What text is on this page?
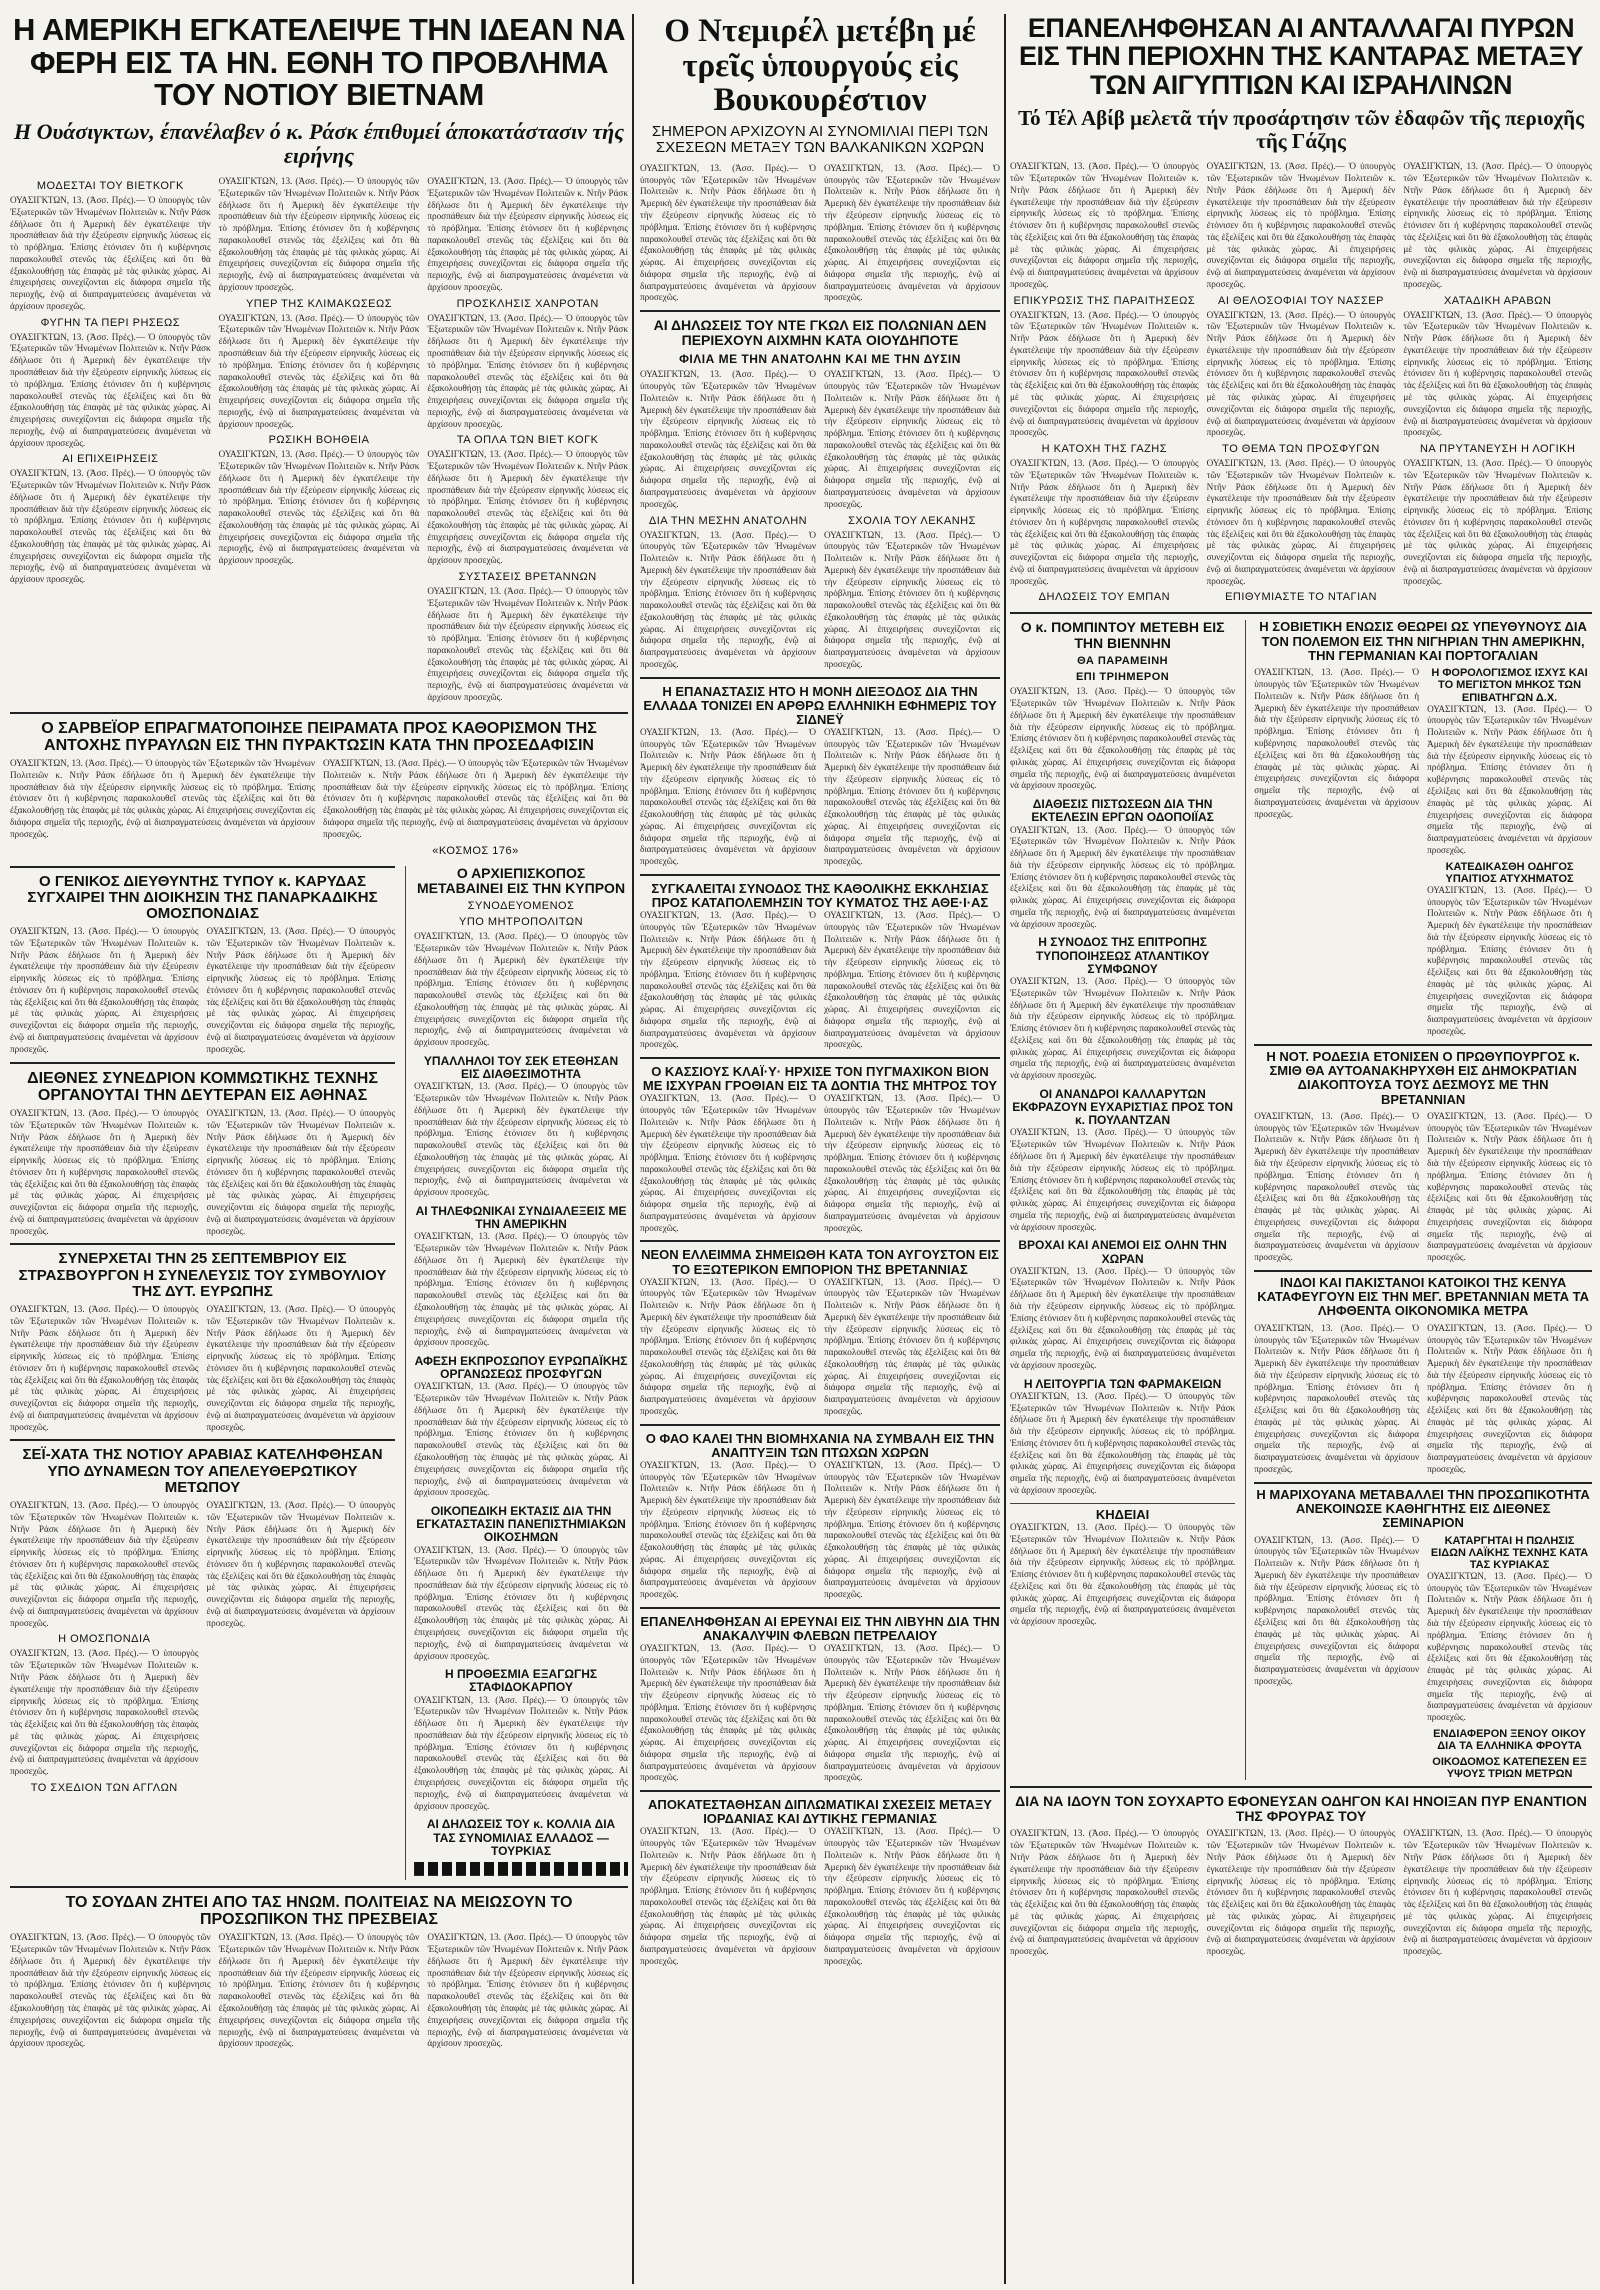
Η ΑΜΕΡΙΚΗ ΕΓΚΑΤΕΛΕΙΨΕ ΤΗΝ ΙΔΕΑΝ ΝΑ ΦΕΡΗ ΕΙΣ ΤΑ ΗΝ. ΕΘΝΗ ΤΟ ΠΡΟΒΛΗΜΑ ΤΟΥ ΝΟΤΙΟΥ ΒΙΕΤΝΑΜ
Η Ουάσιγκτων, έπανέλαβεν ό κ. Ράσκ έπιθυμεί άποκατάστασιν τής ειρήνης
ΜΟΔΕΣΤΑΙ ΤΟΥ ΒΙΕΤΚΟΓΚ
ΟΥΑΣΙΓΚΤΩΝ, 13. (Ἀσσ. Πρές).— Ὁ ὑπουργὸς τῶν Ἐξωτερικῶν τῶν Ἡνωμένων Πολιτειῶν κ. Ντῆν Ράσκ ἐδήλωσε ὅτι ἡ Ἀμερικὴ δὲν ἐγκατέλειψε τὴν προσπάθειαν διὰ τὴν ἐξεύρεσιν εἰρηνικῆς λύσεως εἰς τὸ πρόβλημα. Ἐπίσης ἐτόνισεν ὅτι ἡ κυβέρνησις παρακολουθεῖ στενῶς τὰς ἐξελίξεις καὶ ὅτι θὰ ἐξακολουθήσῃ τὰς ἐπαφὰς μὲ τὰς φιλικὰς χώρας. Αἱ ἐπιχειρήσεις συνεχίζονται εἰς διάφορα σημεῖα τῆς περιοχῆς, ἐνῷ αἱ διαπραγματεύσεις ἀναμένεται νὰ ἀρχίσουν προσεχῶς.
ΦΥΓΗΝ ΤΑ ΠΕΡΙ ΡΗΣΕΩΣ
ΟΥΑΣΙΓΚΤΩΝ, 13. (Ἀσσ. Πρές).— Ὁ ὑπουργὸς τῶν Ἐξωτερικῶν τῶν Ἡνωμένων Πολιτειῶν κ. Ντῆν Ράσκ ἐδήλωσε ὅτι ἡ Ἀμερικὴ δὲν ἐγκατέλειψε τὴν προσπάθειαν διὰ τὴν ἐξεύρεσιν εἰρηνικῆς λύσεως εἰς τὸ πρόβλημα. Ἐπίσης ἐτόνισεν ὅτι ἡ κυβέρνησις παρακολουθεῖ στενῶς τὰς ἐξελίξεις καὶ ὅτι θὰ ἐξακολουθήσῃ τὰς ἐπαφὰς μὲ τὰς φιλικὰς χώρας. Αἱ ἐπιχειρήσεις συνεχίζονται εἰς διάφορα σημεῖα τῆς περιοχῆς, ἐνῷ αἱ διαπραγματεύσεις ἀναμένεται νὰ ἀρχίσουν προσεχῶς.
ΑΙ ΕΠΙΧΕΙΡΗΣΕΙΣ
ΟΥΑΣΙΓΚΤΩΝ, 13. (Ἀσσ. Πρές).— Ὁ ὑπουργὸς τῶν Ἐξωτερικῶν τῶν Ἡνωμένων Πολιτειῶν κ. Ντῆν Ράσκ ἐδήλωσε ὅτι ἡ Ἀμερικὴ δὲν ἐγκατέλειψε τὴν προσπάθειαν διὰ τὴν ἐξεύρεσιν εἰρηνικῆς λύσεως εἰς τὸ πρόβλημα. Ἐπίσης ἐτόνισεν ὅτι ἡ κυβέρνησις παρακολουθεῖ στενῶς τὰς ἐξελίξεις καὶ ὅτι θὰ ἐξακολουθήσῃ τὰς ἐπαφὰς μὲ τὰς φιλικὰς χώρας. Αἱ ἐπιχειρήσεις συνεχίζονται εἰς διάφορα σημεῖα τῆς περιοχῆς, ἐνῷ αἱ διαπραγματεύσεις ἀναμένεται νὰ ἀρχίσουν προσεχῶς.
ΟΥΑΣΙΓΚΤΩΝ, 13. (Ἀσσ. Πρές).— Ὁ ὑπουργὸς τῶν Ἐξωτερικῶν τῶν Ἡνωμένων Πολιτειῶν κ. Ντῆν Ράσκ ἐδήλωσε ὅτι ἡ Ἀμερικὴ δὲν ἐγκατέλειψε τὴν προσπάθειαν διὰ τὴν ἐξεύρεσιν εἰρηνικῆς λύσεως εἰς τὸ πρόβλημα. Ἐπίσης ἐτόνισεν ὅτι ἡ κυβέρνησις παρακολουθεῖ στενῶς τὰς ἐξελίξεις καὶ ὅτι θὰ ἐξακολουθήσῃ τὰς ἐπαφὰς μὲ τὰς φιλικὰς χώρας. Αἱ ἐπιχειρήσεις συνεχίζονται εἰς διάφορα σημεῖα τῆς περιοχῆς, ἐνῷ αἱ διαπραγματεύσεις ἀναμένεται νὰ ἀρχίσουν προσεχῶς.
ΥΠΕΡ ΤΗΣ ΚΛΙΜΑΚΩΣΕΩΣ
ΟΥΑΣΙΓΚΤΩΝ, 13. (Ἀσσ. Πρές).— Ὁ ὑπουργὸς τῶν Ἐξωτερικῶν τῶν Ἡνωμένων Πολιτειῶν κ. Ντῆν Ράσκ ἐδήλωσε ὅτι ἡ Ἀμερικὴ δὲν ἐγκατέλειψε τὴν προσπάθειαν διὰ τὴν ἐξεύρεσιν εἰρηνικῆς λύσεως εἰς τὸ πρόβλημα. Ἐπίσης ἐτόνισεν ὅτι ἡ κυβέρνησις παρακολουθεῖ στενῶς τὰς ἐξελίξεις καὶ ὅτι θὰ ἐξακολουθήσῃ τὰς ἐπαφὰς μὲ τὰς φιλικὰς χώρας. Αἱ ἐπιχειρήσεις συνεχίζονται εἰς διάφορα σημεῖα τῆς περιοχῆς, ἐνῷ αἱ διαπραγματεύσεις ἀναμένεται νὰ ἀρχίσουν προσεχῶς.
ΡΩΣΙΚΗ ΒΟΗΘΕΙΑ
ΟΥΑΣΙΓΚΤΩΝ, 13. (Ἀσσ. Πρές).— Ὁ ὑπουργὸς τῶν Ἐξωτερικῶν τῶν Ἡνωμένων Πολιτειῶν κ. Ντῆν Ράσκ ἐδήλωσε ὅτι ἡ Ἀμερικὴ δὲν ἐγκατέλειψε τὴν προσπάθειαν διὰ τὴν ἐξεύρεσιν εἰρηνικῆς λύσεως εἰς τὸ πρόβλημα. Ἐπίσης ἐτόνισεν ὅτι ἡ κυβέρνησις παρακολουθεῖ στενῶς τὰς ἐξελίξεις καὶ ὅτι θὰ ἐξακολουθήσῃ τὰς ἐπαφὰς μὲ τὰς φιλικὰς χώρας. Αἱ ἐπιχειρήσεις συνεχίζονται εἰς διάφορα σημεῖα τῆς περιοχῆς, ἐνῷ αἱ διαπραγματεύσεις ἀναμένεται νὰ ἀρχίσουν προσεχῶς.
ΟΥΑΣΙΓΚΤΩΝ, 13. (Ἀσσ. Πρές).— Ὁ ὑπουργὸς τῶν Ἐξωτερικῶν τῶν Ἡνωμένων Πολιτειῶν κ. Ντῆν Ράσκ ἐδήλωσε ὅτι ἡ Ἀμερικὴ δὲν ἐγκατέλειψε τὴν προσπάθειαν διὰ τὴν ἐξεύρεσιν εἰρηνικῆς λύσεως εἰς τὸ πρόβλημα. Ἐπίσης ἐτόνισεν ὅτι ἡ κυβέρνησις παρακολουθεῖ στενῶς τὰς ἐξελίξεις καὶ ὅτι θὰ ἐξακολουθήσῃ τὰς ἐπαφὰς μὲ τὰς φιλικὰς χώρας. Αἱ ἐπιχειρήσεις συνεχίζονται εἰς διάφορα σημεῖα τῆς περιοχῆς, ἐνῷ αἱ διαπραγματεύσεις ἀναμένεται νὰ ἀρχίσουν προσεχῶς.
ΠΡΟΣΚΛΗΣΙΣ ΧΑΝΡΟΤΑΝ
ΟΥΑΣΙΓΚΤΩΝ, 13. (Ἀσσ. Πρές).— Ὁ ὑπουργὸς τῶν Ἐξωτερικῶν τῶν Ἡνωμένων Πολιτειῶν κ. Ντῆν Ράσκ ἐδήλωσε ὅτι ἡ Ἀμερικὴ δὲν ἐγκατέλειψε τὴν προσπάθειαν διὰ τὴν ἐξεύρεσιν εἰρηνικῆς λύσεως εἰς τὸ πρόβλημα. Ἐπίσης ἐτόνισεν ὅτι ἡ κυβέρνησις παρακολουθεῖ στενῶς τὰς ἐξελίξεις καὶ ὅτι θὰ ἐξακολουθήσῃ τὰς ἐπαφὰς μὲ τὰς φιλικὰς χώρας. Αἱ ἐπιχειρήσεις συνεχίζονται εἰς διάφορα σημεῖα τῆς περιοχῆς, ἐνῷ αἱ διαπραγματεύσεις ἀναμένεται νὰ ἀρχίσουν προσεχῶς.
ΤΑ ΟΠΛΑ ΤΩΝ ΒΙΕΤ ΚΟΓΚ
ΟΥΑΣΙΓΚΤΩΝ, 13. (Ἀσσ. Πρές).— Ὁ ὑπουργὸς τῶν Ἐξωτερικῶν τῶν Ἡνωμένων Πολιτειῶν κ. Ντῆν Ράσκ ἐδήλωσε ὅτι ἡ Ἀμερικὴ δὲν ἐγκατέλειψε τὴν προσπάθειαν διὰ τὴν ἐξεύρεσιν εἰρηνικῆς λύσεως εἰς τὸ πρόβλημα. Ἐπίσης ἐτόνισεν ὅτι ἡ κυβέρνησις παρακολουθεῖ στενῶς τὰς ἐξελίξεις καὶ ὅτι θὰ ἐξακολουθήσῃ τὰς ἐπαφὰς μὲ τὰς φιλικὰς χώρας. Αἱ ἐπιχειρήσεις συνεχίζονται εἰς διάφορα σημεῖα τῆς περιοχῆς, ἐνῷ αἱ διαπραγματεύσεις ἀναμένεται νὰ ἀρχίσουν προσεχῶς.
ΣΥΣΤΑΣΕΙΣ ΒΡΕΤΑΝΝΩΝ
ΟΥΑΣΙΓΚΤΩΝ, 13. (Ἀσσ. Πρές).— Ὁ ὑπουργὸς τῶν Ἐξωτερικῶν τῶν Ἡνωμένων Πολιτειῶν κ. Ντῆν Ράσκ ἐδήλωσε ὅτι ἡ Ἀμερικὴ δὲν ἐγκατέλειψε τὴν προσπάθειαν διὰ τὴν ἐξεύρεσιν εἰρηνικῆς λύσεως εἰς τὸ πρόβλημα. Ἐπίσης ἐτόνισεν ὅτι ἡ κυβέρνησις παρακολουθεῖ στενῶς τὰς ἐξελίξεις καὶ ὅτι θὰ ἐξακολουθήσῃ τὰς ἐπαφὰς μὲ τὰς φιλικὰς χώρας. Αἱ ἐπιχειρήσεις συνεχίζονται εἰς διάφορα σημεῖα τῆς περιοχῆς, ἐνῷ αἱ διαπραγματεύσεις ἀναμένεται νὰ ἀρχίσουν προσεχῶς.
Ο ΣΑΡΒΕΪΟΡ ΕΠΡΑΓΜΑΤΟΠΟΙΗΣΕ ΠΕΙΡΑΜΑΤΑ ΠΡΟΣ ΚΑΘΟΡΙΣΜΟΝ ΤΗΣ ΑΝΤΟΧΗΣ ΠΥΡΑΥΛΩΝ ΕΙΣ ΤΗΝ ΠΥΡΑΚΤΩΣΙΝ ΚΑΤΑ ΤΗΝ ΠΡΟΣΕΔΑΦΙΣΙΝ
ΟΥΑΣΙΓΚΤΩΝ, 13. (Ἀσσ. Πρές).— Ὁ ὑπουργὸς τῶν Ἐξωτερικῶν τῶν Ἡνωμένων Πολιτειῶν κ. Ντῆν Ράσκ ἐδήλωσε ὅτι ἡ Ἀμερικὴ δὲν ἐγκατέλειψε τὴν προσπάθειαν διὰ τὴν ἐξεύρεσιν εἰρηνικῆς λύσεως εἰς τὸ πρόβλημα. Ἐπίσης ἐτόνισεν ὅτι ἡ κυβέρνησις παρακολουθεῖ στενῶς τὰς ἐξελίξεις καὶ ὅτι θὰ ἐξακολουθήσῃ τὰς ἐπαφὰς μὲ τὰς φιλικὰς χώρας. Αἱ ἐπιχειρήσεις συνεχίζονται εἰς διάφορα σημεῖα τῆς περιοχῆς, ἐνῷ αἱ διαπραγματεύσεις ἀναμένεται νὰ ἀρχίσουν προσεχῶς.
ΟΥΑΣΙΓΚΤΩΝ, 13. (Ἀσσ. Πρές).— Ὁ ὑπουργὸς τῶν Ἐξωτερικῶν τῶν Ἡνωμένων Πολιτειῶν κ. Ντῆν Ράσκ ἐδήλωσε ὅτι ἡ Ἀμερικὴ δὲν ἐγκατέλειψε τὴν προσπάθειαν διὰ τὴν ἐξεύρεσιν εἰρηνικῆς λύσεως εἰς τὸ πρόβλημα. Ἐπίσης ἐτόνισεν ὅτι ἡ κυβέρνησις παρακολουθεῖ στενῶς τὰς ἐξελίξεις καὶ ὅτι θὰ ἐξακολουθήσῃ τὰς ἐπαφὰς μὲ τὰς φιλικὰς χώρας. Αἱ ἐπιχειρήσεις συνεχίζονται εἰς διάφορα σημεῖα τῆς περιοχῆς, ἐνῷ αἱ διαπραγματεύσεις ἀναμένεται νὰ ἀρχίσουν προσεχῶς.
«ΚΟΣΜΟΣ 176»
Ο ΓΕΝΙΚΟΣ ΔΙΕΥΘΥΝΤΗΣ ΤΥΠΟΥ κ. ΚΑΡΥΔΑΣ ΣΥΓΧΑΙΡΕΙ ΤΗΝ ΔΙΟΙΚΗΣΙΝ ΤΗΣ ΠΑΝΑΡΚΑΔΙΚΗΣ ΟΜΟΣΠΟΝΔΙΑΣ
ΟΥΑΣΙΓΚΤΩΝ, 13. (Ἀσσ. Πρές).— Ὁ ὑπουργὸς τῶν Ἐξωτερικῶν τῶν Ἡνωμένων Πολιτειῶν κ. Ντῆν Ράσκ ἐδήλωσε ὅτι ἡ Ἀμερικὴ δὲν ἐγκατέλειψε τὴν προσπάθειαν διὰ τὴν ἐξεύρεσιν εἰρηνικῆς λύσεως εἰς τὸ πρόβλημα. Ἐπίσης ἐτόνισεν ὅτι ἡ κυβέρνησις παρακολουθεῖ στενῶς τὰς ἐξελίξεις καὶ ὅτι θὰ ἐξακολουθήσῃ τὰς ἐπαφὰς μὲ τὰς φιλικὰς χώρας. Αἱ ἐπιχειρήσεις συνεχίζονται εἰς διάφορα σημεῖα τῆς περιοχῆς, ἐνῷ αἱ διαπραγματεύσεις ἀναμένεται νὰ ἀρχίσουν προσεχῶς.
ΟΥΑΣΙΓΚΤΩΝ, 13. (Ἀσσ. Πρές).— Ὁ ὑπουργὸς τῶν Ἐξωτερικῶν τῶν Ἡνωμένων Πολιτειῶν κ. Ντῆν Ράσκ ἐδήλωσε ὅτι ἡ Ἀμερικὴ δὲν ἐγκατέλειψε τὴν προσπάθειαν διὰ τὴν ἐξεύρεσιν εἰρηνικῆς λύσεως εἰς τὸ πρόβλημα. Ἐπίσης ἐτόνισεν ὅτι ἡ κυβέρνησις παρακολουθεῖ στενῶς τὰς ἐξελίξεις καὶ ὅτι θὰ ἐξακολουθήσῃ τὰς ἐπαφὰς μὲ τὰς φιλικὰς χώρας. Αἱ ἐπιχειρήσεις συνεχίζονται εἰς διάφορα σημεῖα τῆς περιοχῆς, ἐνῷ αἱ διαπραγματεύσεις ἀναμένεται νὰ ἀρχίσουν προσεχῶς.
ΔΙΕΘΝΕΣ ΣΥΝΕΔΡΙΟΝ ΚΟΜΜΩΤΙΚΗΣ ΤΕΧΝΗΣ ΟΡΓΑΝΟΥΤΑΙ ΤΗΝ ΔΕΥΤΕΡΑΝ ΕΙΣ ΑΘΗΝΑΣ
ΟΥΑΣΙΓΚΤΩΝ, 13. (Ἀσσ. Πρές).— Ὁ ὑπουργὸς τῶν Ἐξωτερικῶν τῶν Ἡνωμένων Πολιτειῶν κ. Ντῆν Ράσκ ἐδήλωσε ὅτι ἡ Ἀμερικὴ δὲν ἐγκατέλειψε τὴν προσπάθειαν διὰ τὴν ἐξεύρεσιν εἰρηνικῆς λύσεως εἰς τὸ πρόβλημα. Ἐπίσης ἐτόνισεν ὅτι ἡ κυβέρνησις παρακολουθεῖ στενῶς τὰς ἐξελίξεις καὶ ὅτι θὰ ἐξακολουθήσῃ τὰς ἐπαφὰς μὲ τὰς φιλικὰς χώρας. Αἱ ἐπιχειρήσεις συνεχίζονται εἰς διάφορα σημεῖα τῆς περιοχῆς, ἐνῷ αἱ διαπραγματεύσεις ἀναμένεται νὰ ἀρχίσουν προσεχῶς.
ΟΥΑΣΙΓΚΤΩΝ, 13. (Ἀσσ. Πρές).— Ὁ ὑπουργὸς τῶν Ἐξωτερικῶν τῶν Ἡνωμένων Πολιτειῶν κ. Ντῆν Ράσκ ἐδήλωσε ὅτι ἡ Ἀμερικὴ δὲν ἐγκατέλειψε τὴν προσπάθειαν διὰ τὴν ἐξεύρεσιν εἰρηνικῆς λύσεως εἰς τὸ πρόβλημα. Ἐπίσης ἐτόνισεν ὅτι ἡ κυβέρνησις παρακολουθεῖ στενῶς τὰς ἐξελίξεις καὶ ὅτι θὰ ἐξακολουθήσῃ τὰς ἐπαφὰς μὲ τὰς φιλικὰς χώρας. Αἱ ἐπιχειρήσεις συνεχίζονται εἰς διάφορα σημεῖα τῆς περιοχῆς, ἐνῷ αἱ διαπραγματεύσεις ἀναμένεται νὰ ἀρχίσουν προσεχῶς.
ΣΥΝΕΡΧΕΤΑΙ ΤΗΝ 25 ΣΕΠΤΕΜΒΡΙΟΥ ΕΙΣ ΣΤΡΑΣΒΟΥΡΓΟΝ Η ΣΥΝΕΛΕΥΣΙΣ ΤΟΥ ΣΥΜΒΟΥΛΙΟΥ ΤΗΣ ΔΥΤ. ΕΥΡΩΠΗΣ
ΟΥΑΣΙΓΚΤΩΝ, 13. (Ἀσσ. Πρές).— Ὁ ὑπουργὸς τῶν Ἐξωτερικῶν τῶν Ἡνωμένων Πολιτειῶν κ. Ντῆν Ράσκ ἐδήλωσε ὅτι ἡ Ἀμερικὴ δὲν ἐγκατέλειψε τὴν προσπάθειαν διὰ τὴν ἐξεύρεσιν εἰρηνικῆς λύσεως εἰς τὸ πρόβλημα. Ἐπίσης ἐτόνισεν ὅτι ἡ κυβέρνησις παρακολουθεῖ στενῶς τὰς ἐξελίξεις καὶ ὅτι θὰ ἐξακολουθήσῃ τὰς ἐπαφὰς μὲ τὰς φιλικὰς χώρας. Αἱ ἐπιχειρήσεις συνεχίζονται εἰς διάφορα σημεῖα τῆς περιοχῆς, ἐνῷ αἱ διαπραγματεύσεις ἀναμένεται νὰ ἀρχίσουν προσεχῶς.
ΟΥΑΣΙΓΚΤΩΝ, 13. (Ἀσσ. Πρές).— Ὁ ὑπουργὸς τῶν Ἐξωτερικῶν τῶν Ἡνωμένων Πολιτειῶν κ. Ντῆν Ράσκ ἐδήλωσε ὅτι ἡ Ἀμερικὴ δὲν ἐγκατέλειψε τὴν προσπάθειαν διὰ τὴν ἐξεύρεσιν εἰρηνικῆς λύσεως εἰς τὸ πρόβλημα. Ἐπίσης ἐτόνισεν ὅτι ἡ κυβέρνησις παρακολουθεῖ στενῶς τὰς ἐξελίξεις καὶ ὅτι θὰ ἐξακολουθήσῃ τὰς ἐπαφὰς μὲ τὰς φιλικὰς χώρας. Αἱ ἐπιχειρήσεις συνεχίζονται εἰς διάφορα σημεῖα τῆς περιοχῆς, ἐνῷ αἱ διαπραγματεύσεις ἀναμένεται νὰ ἀρχίσουν προσεχῶς.
ΣΕΪ-ΧΑΤΑ ΤΗΣ ΝΟΤΙΟΥ ΑΡΑΒΙΑΣ ΚΑΤΕΛΗΦΘΗΣΑΝ ΥΠΟ ΔΥΝΑΜΕΩΝ ΤΟΥ ΑΠΕΛΕΥΘΕΡΩΤΙΚΟΥ ΜΕΤΩΠΟΥ
ΟΥΑΣΙΓΚΤΩΝ, 13. (Ἀσσ. Πρές).— Ὁ ὑπουργὸς τῶν Ἐξωτερικῶν τῶν Ἡνωμένων Πολιτειῶν κ. Ντῆν Ράσκ ἐδήλωσε ὅτι ἡ Ἀμερικὴ δὲν ἐγκατέλειψε τὴν προσπάθειαν διὰ τὴν ἐξεύρεσιν εἰρηνικῆς λύσεως εἰς τὸ πρόβλημα. Ἐπίσης ἐτόνισεν ὅτι ἡ κυβέρνησις παρακολουθεῖ στενῶς τὰς ἐξελίξεις καὶ ὅτι θὰ ἐξακολουθήσῃ τὰς ἐπαφὰς μὲ τὰς φιλικὰς χώρας. Αἱ ἐπιχειρήσεις συνεχίζονται εἰς διάφορα σημεῖα τῆς περιοχῆς, ἐνῷ αἱ διαπραγματεύσεις ἀναμένεται νὰ ἀρχίσουν προσεχῶς.
Η ΟΜΟΣΠΟΝΔΙΑ
ΟΥΑΣΙΓΚΤΩΝ, 13. (Ἀσσ. Πρές).— Ὁ ὑπουργὸς τῶν Ἐξωτερικῶν τῶν Ἡνωμένων Πολιτειῶν κ. Ντῆν Ράσκ ἐδήλωσε ὅτι ἡ Ἀμερικὴ δὲν ἐγκατέλειψε τὴν προσπάθειαν διὰ τὴν ἐξεύρεσιν εἰρηνικῆς λύσεως εἰς τὸ πρόβλημα. Ἐπίσης ἐτόνισεν ὅτι ἡ κυβέρνησις παρακολουθεῖ στενῶς τὰς ἐξελίξεις καὶ ὅτι θὰ ἐξακολουθήσῃ τὰς ἐπαφὰς μὲ τὰς φιλικὰς χώρας. Αἱ ἐπιχειρήσεις συνεχίζονται εἰς διάφορα σημεῖα τῆς περιοχῆς, ἐνῷ αἱ διαπραγματεύσεις ἀναμένεται νὰ ἀρχίσουν προσεχῶς.
ΤΟ ΣΧΕΔΙΟΝ ΤΩΝ ΑΓΓΛΩΝ
ΟΥΑΣΙΓΚΤΩΝ, 13. (Ἀσσ. Πρές).— Ὁ ὑπουργὸς τῶν Ἐξωτερικῶν τῶν Ἡνωμένων Πολιτειῶν κ. Ντῆν Ράσκ ἐδήλωσε ὅτι ἡ Ἀμερικὴ δὲν ἐγκατέλειψε τὴν προσπάθειαν διὰ τὴν ἐξεύρεσιν εἰρηνικῆς λύσεως εἰς τὸ πρόβλημα. Ἐπίσης ἐτόνισεν ὅτι ἡ κυβέρνησις παρακολουθεῖ στενῶς τὰς ἐξελίξεις καὶ ὅτι θὰ ἐξακολουθήσῃ τὰς ἐπαφὰς μὲ τὰς φιλικὰς χώρας. Αἱ ἐπιχειρήσεις συνεχίζονται εἰς διάφορα σημεῖα τῆς περιοχῆς, ἐνῷ αἱ διαπραγματεύσεις ἀναμένεται νὰ ἀρχίσουν προσεχῶς.
Ο ΑΡΧΙΕΠΙΣΚΟΠΟΣ ΜΕΤΑΒΑΙΝΕΙ ΕΙΣ ΤΗΝ ΚΥΠΡΟΝ
ΣΥΝΟΔΕΥΟΜΕΝΟΣ
ΥΠΟ ΜΗΤΡΟΠΟΛΙΤΩΝ
ΟΥΑΣΙΓΚΤΩΝ, 13. (Ἀσσ. Πρές).— Ὁ ὑπουργὸς τῶν Ἐξωτερικῶν τῶν Ἡνωμένων Πολιτειῶν κ. Ντῆν Ράσκ ἐδήλωσε ὅτι ἡ Ἀμερικὴ δὲν ἐγκατέλειψε τὴν προσπάθειαν διὰ τὴν ἐξεύρεσιν εἰρηνικῆς λύσεως εἰς τὸ πρόβλημα. Ἐπίσης ἐτόνισεν ὅτι ἡ κυβέρνησις παρακολουθεῖ στενῶς τὰς ἐξελίξεις καὶ ὅτι θὰ ἐξακολουθήσῃ τὰς ἐπαφὰς μὲ τὰς φιλικὰς χώρας. Αἱ ἐπιχειρήσεις συνεχίζονται εἰς διάφορα σημεῖα τῆς περιοχῆς, ἐνῷ αἱ διαπραγματεύσεις ἀναμένεται νὰ ἀρχίσουν προσεχῶς.
ΥΠΑΛΛΗΛΟΙ ΤΟΥ ΣΕΚ ΕΤΕΘΗΣΑΝ ΕΙΣ ΔΙΑΘΕΣΙΜΟΤΗΤΑ
ΟΥΑΣΙΓΚΤΩΝ, 13. (Ἀσσ. Πρές).— Ὁ ὑπουργὸς τῶν Ἐξωτερικῶν τῶν Ἡνωμένων Πολιτειῶν κ. Ντῆν Ράσκ ἐδήλωσε ὅτι ἡ Ἀμερικὴ δὲν ἐγκατέλειψε τὴν προσπάθειαν διὰ τὴν ἐξεύρεσιν εἰρηνικῆς λύσεως εἰς τὸ πρόβλημα. Ἐπίσης ἐτόνισεν ὅτι ἡ κυβέρνησις παρακολουθεῖ στενῶς τὰς ἐξελίξεις καὶ ὅτι θὰ ἐξακολουθήσῃ τὰς ἐπαφὰς μὲ τὰς φιλικὰς χώρας. Αἱ ἐπιχειρήσεις συνεχίζονται εἰς διάφορα σημεῖα τῆς περιοχῆς, ἐνῷ αἱ διαπραγματεύσεις ἀναμένεται νὰ ἀρχίσουν προσεχῶς.
ΑΙ ΤΗΛΕΦΩΝΙΚΑΙ ΣΥΝΔΙΑΛΕΞΕΙΣ ΜΕ ΤΗΝ ΑΜΕΡΙΚΗΝ
ΟΥΑΣΙΓΚΤΩΝ, 13. (Ἀσσ. Πρές).— Ὁ ὑπουργὸς τῶν Ἐξωτερικῶν τῶν Ἡνωμένων Πολιτειῶν κ. Ντῆν Ράσκ ἐδήλωσε ὅτι ἡ Ἀμερικὴ δὲν ἐγκατέλειψε τὴν προσπάθειαν διὰ τὴν ἐξεύρεσιν εἰρηνικῆς λύσεως εἰς τὸ πρόβλημα. Ἐπίσης ἐτόνισεν ὅτι ἡ κυβέρνησις παρακολουθεῖ στενῶς τὰς ἐξελίξεις καὶ ὅτι θὰ ἐξακολουθήσῃ τὰς ἐπαφὰς μὲ τὰς φιλικὰς χώρας. Αἱ ἐπιχειρήσεις συνεχίζονται εἰς διάφορα σημεῖα τῆς περιοχῆς, ἐνῷ αἱ διαπραγματεύσεις ἀναμένεται νὰ ἀρχίσουν προσεχῶς.
ΑΦΕΣΗ ΕΚΠΡΟΣΩΠΟΥ ΕΥΡΩΠΑΪΚΗΣ ΟΡΓΑΝΩΣΕΩΣ ΠΡΟΣΦΥΓΩΝ
ΟΥΑΣΙΓΚΤΩΝ, 13. (Ἀσσ. Πρές).— Ὁ ὑπουργὸς τῶν Ἐξωτερικῶν τῶν Ἡνωμένων Πολιτειῶν κ. Ντῆν Ράσκ ἐδήλωσε ὅτι ἡ Ἀμερικὴ δὲν ἐγκατέλειψε τὴν προσπάθειαν διὰ τὴν ἐξεύρεσιν εἰρηνικῆς λύσεως εἰς τὸ πρόβλημα. Ἐπίσης ἐτόνισεν ὅτι ἡ κυβέρνησις παρακολουθεῖ στενῶς τὰς ἐξελίξεις καὶ ὅτι θὰ ἐξακολουθήσῃ τὰς ἐπαφὰς μὲ τὰς φιλικὰς χώρας. Αἱ ἐπιχειρήσεις συνεχίζονται εἰς διάφορα σημεῖα τῆς περιοχῆς, ἐνῷ αἱ διαπραγματεύσεις ἀναμένεται νὰ ἀρχίσουν προσεχῶς.
ΟΙΚΟΠΕΔΙΚΗ ΕΚΤΑΣΙΣ ΔΙΑ ΤΗΝ ΕΓΚΑΤΑΣΤΑΣΙΝ ΠΑΝΕΠΙΣΤΗΜΙΑΚΩΝ ΟΙΚΟΣΗΜΩΝ
ΟΥΑΣΙΓΚΤΩΝ, 13. (Ἀσσ. Πρές).— Ὁ ὑπουργὸς τῶν Ἐξωτερικῶν τῶν Ἡνωμένων Πολιτειῶν κ. Ντῆν Ράσκ ἐδήλωσε ὅτι ἡ Ἀμερικὴ δὲν ἐγκατέλειψε τὴν προσπάθειαν διὰ τὴν ἐξεύρεσιν εἰρηνικῆς λύσεως εἰς τὸ πρόβλημα. Ἐπίσης ἐτόνισεν ὅτι ἡ κυβέρνησις παρακολουθεῖ στενῶς τὰς ἐξελίξεις καὶ ὅτι θὰ ἐξακολουθήσῃ τὰς ἐπαφὰς μὲ τὰς φιλικὰς χώρας. Αἱ ἐπιχειρήσεις συνεχίζονται εἰς διάφορα σημεῖα τῆς περιοχῆς, ἐνῷ αἱ διαπραγματεύσεις ἀναμένεται νὰ ἀρχίσουν προσεχῶς.
Η ΠΡΟΘΕΣΜΙΑ ΕΞΑΓΩΓΗΣ ΣΤΑΦΙΔΟΚΑΡΠΟΥ
ΟΥΑΣΙΓΚΤΩΝ, 13. (Ἀσσ. Πρές).— Ὁ ὑπουργὸς τῶν Ἐξωτερικῶν τῶν Ἡνωμένων Πολιτειῶν κ. Ντῆν Ράσκ ἐδήλωσε ὅτι ἡ Ἀμερικὴ δὲν ἐγκατέλειψε τὴν προσπάθειαν διὰ τὴν ἐξεύρεσιν εἰρηνικῆς λύσεως εἰς τὸ πρόβλημα. Ἐπίσης ἐτόνισεν ὅτι ἡ κυβέρνησις παρακολουθεῖ στενῶς τὰς ἐξελίξεις καὶ ὅτι θὰ ἐξακολουθήσῃ τὰς ἐπαφὰς μὲ τὰς φιλικὰς χώρας. Αἱ ἐπιχειρήσεις συνεχίζονται εἰς διάφορα σημεῖα τῆς περιοχῆς, ἐνῷ αἱ διαπραγματεύσεις ἀναμένεται νὰ ἀρχίσουν προσεχῶς.
ΑΙ ΔΗΛΩΣΕΙΣ ΤΟΥ κ. ΚΟΛΛΙΑ ΔΙΑ ΤΑΣ ΣΥΝΟΜΙΛΙΑΣ ΕΛΛΑΔΟΣ — ΤΟΥΡΚΙΑΣ
ΤΟ ΣΟΥΔΑΝ ΖΗΤΕΙ ΑΠΟ ΤΑΣ ΗΝΩΜ. ΠΟΛΙΤΕΙΑΣ ΝΑ ΜΕΙΩΣΟΥΝ ΤΟ ΠΡΟΣΩΠΙΚΟΝ ΤΗΣ ΠΡΕΣΒΕΙΑΣ
ΟΥΑΣΙΓΚΤΩΝ, 13. (Ἀσσ. Πρές).— Ὁ ὑπουργὸς τῶν Ἐξωτερικῶν τῶν Ἡνωμένων Πολιτειῶν κ. Ντῆν Ράσκ ἐδήλωσε ὅτι ἡ Ἀμερικὴ δὲν ἐγκατέλειψε τὴν προσπάθειαν διὰ τὴν ἐξεύρεσιν εἰρηνικῆς λύσεως εἰς τὸ πρόβλημα. Ἐπίσης ἐτόνισεν ὅτι ἡ κυβέρνησις παρακολουθεῖ στενῶς τὰς ἐξελίξεις καὶ ὅτι θὰ ἐξακολουθήσῃ τὰς ἐπαφὰς μὲ τὰς φιλικὰς χώρας. Αἱ ἐπιχειρήσεις συνεχίζονται εἰς διάφορα σημεῖα τῆς περιοχῆς, ἐνῷ αἱ διαπραγματεύσεις ἀναμένεται νὰ ἀρχίσουν προσεχῶς.
ΟΥΑΣΙΓΚΤΩΝ, 13. (Ἀσσ. Πρές).— Ὁ ὑπουργὸς τῶν Ἐξωτερικῶν τῶν Ἡνωμένων Πολιτειῶν κ. Ντῆν Ράσκ ἐδήλωσε ὅτι ἡ Ἀμερικὴ δὲν ἐγκατέλειψε τὴν προσπάθειαν διὰ τὴν ἐξεύρεσιν εἰρηνικῆς λύσεως εἰς τὸ πρόβλημα. Ἐπίσης ἐτόνισεν ὅτι ἡ κυβέρνησις παρακολουθεῖ στενῶς τὰς ἐξελίξεις καὶ ὅτι θὰ ἐξακολουθήσῃ τὰς ἐπαφὰς μὲ τὰς φιλικὰς χώρας. Αἱ ἐπιχειρήσεις συνεχίζονται εἰς διάφορα σημεῖα τῆς περιοχῆς, ἐνῷ αἱ διαπραγματεύσεις ἀναμένεται νὰ ἀρχίσουν προσεχῶς.
ΟΥΑΣΙΓΚΤΩΝ, 13. (Ἀσσ. Πρές).— Ὁ ὑπουργὸς τῶν Ἐξωτερικῶν τῶν Ἡνωμένων Πολιτειῶν κ. Ντῆν Ράσκ ἐδήλωσε ὅτι ἡ Ἀμερικὴ δὲν ἐγκατέλειψε τὴν προσπάθειαν διὰ τὴν ἐξεύρεσιν εἰρηνικῆς λύσεως εἰς τὸ πρόβλημα. Ἐπίσης ἐτόνισεν ὅτι ἡ κυβέρνησις παρακολουθεῖ στενῶς τὰς ἐξελίξεις καὶ ὅτι θὰ ἐξακολουθήσῃ τὰς ἐπαφὰς μὲ τὰς φιλικὰς χώρας. Αἱ ἐπιχειρήσεις συνεχίζονται εἰς διάφορα σημεῖα τῆς περιοχῆς, ἐνῷ αἱ διαπραγματεύσεις ἀναμένεται νὰ ἀρχίσουν προσεχῶς.
Ο Ντεμιρέλ μετέβη μέ τρεῖς ὑπουργούς εἰς Βουκουρέστιον
ΣΗΜΕΡΟΝ ΑΡΧΙΖΟΥΝ ΑΙ ΣΥΝΟΜΙΛΙΑΙ ΠΕΡΙ ΤΩΝ ΣΧΕΣΕΩΝ ΜΕΤΑΞΥ ΤΩΝ ΒΑΛΚΑΝΙΚΩΝ ΧΩΡΩΝ
ΟΥΑΣΙΓΚΤΩΝ, 13. (Ἀσσ. Πρές).— Ὁ ὑπουργὸς τῶν Ἐξωτερικῶν τῶν Ἡνωμένων Πολιτειῶν κ. Ντῆν Ράσκ ἐδήλωσε ὅτι ἡ Ἀμερικὴ δὲν ἐγκατέλειψε τὴν προσπάθειαν διὰ τὴν ἐξεύρεσιν εἰρηνικῆς λύσεως εἰς τὸ πρόβλημα. Ἐπίσης ἐτόνισεν ὅτι ἡ κυβέρνησις παρακολουθεῖ στενῶς τὰς ἐξελίξεις καὶ ὅτι θὰ ἐξακολουθήσῃ τὰς ἐπαφὰς μὲ τὰς φιλικὰς χώρας. Αἱ ἐπιχειρήσεις συνεχίζονται εἰς διάφορα σημεῖα τῆς περιοχῆς, ἐνῷ αἱ διαπραγματεύσεις ἀναμένεται νὰ ἀρχίσουν προσεχῶς.
ΟΥΑΣΙΓΚΤΩΝ, 13. (Ἀσσ. Πρές).— Ὁ ὑπουργὸς τῶν Ἐξωτερικῶν τῶν Ἡνωμένων Πολιτειῶν κ. Ντῆν Ράσκ ἐδήλωσε ὅτι ἡ Ἀμερικὴ δὲν ἐγκατέλειψε τὴν προσπάθειαν διὰ τὴν ἐξεύρεσιν εἰρηνικῆς λύσεως εἰς τὸ πρόβλημα. Ἐπίσης ἐτόνισεν ὅτι ἡ κυβέρνησις παρακολουθεῖ στενῶς τὰς ἐξελίξεις καὶ ὅτι θὰ ἐξακολουθήσῃ τὰς ἐπαφὰς μὲ τὰς φιλικὰς χώρας. Αἱ ἐπιχειρήσεις συνεχίζονται εἰς διάφορα σημεῖα τῆς περιοχῆς, ἐνῷ αἱ διαπραγματεύσεις ἀναμένεται νὰ ἀρχίσουν προσεχῶς.
ΑΙ ΔΗΛΩΣΕΙΣ ΤΟΥ ΝΤΕ ΓΚΩΛ ΕΙΣ ΠΟΛΩΝΙΑΝ ΔΕΝ ΠΕΡΙΕΧΟΥΝ ΑΙΧΜΗΝ ΚΑΤΑ ΟΙΟΥΔΗΠΟΤΕ
ΦΙΛΙΑ ΜΕ ΤΗΝ ΑΝΑΤΟΛΗΝ ΚΑΙ ΜΕ ΤΗΝ ΔΥΣΙΝ
ΟΥΑΣΙΓΚΤΩΝ, 13. (Ἀσσ. Πρές).— Ὁ ὑπουργὸς τῶν Ἐξωτερικῶν τῶν Ἡνωμένων Πολιτειῶν κ. Ντῆν Ράσκ ἐδήλωσε ὅτι ἡ Ἀμερικὴ δὲν ἐγκατέλειψε τὴν προσπάθειαν διὰ τὴν ἐξεύρεσιν εἰρηνικῆς λύσεως εἰς τὸ πρόβλημα. Ἐπίσης ἐτόνισεν ὅτι ἡ κυβέρνησις παρακολουθεῖ στενῶς τὰς ἐξελίξεις καὶ ὅτι θὰ ἐξακολουθήσῃ τὰς ἐπαφὰς μὲ τὰς φιλικὰς χώρας. Αἱ ἐπιχειρήσεις συνεχίζονται εἰς διάφορα σημεῖα τῆς περιοχῆς, ἐνῷ αἱ διαπραγματεύσεις ἀναμένεται νὰ ἀρχίσουν προσεχῶς.
ΔΙΑ ΤΗΝ ΜΕΣΗΝ ΑΝΑΤΟΛΗΝ
ΟΥΑΣΙΓΚΤΩΝ, 13. (Ἀσσ. Πρές).— Ὁ ὑπουργὸς τῶν Ἐξωτερικῶν τῶν Ἡνωμένων Πολιτειῶν κ. Ντῆν Ράσκ ἐδήλωσε ὅτι ἡ Ἀμερικὴ δὲν ἐγκατέλειψε τὴν προσπάθειαν διὰ τὴν ἐξεύρεσιν εἰρηνικῆς λύσεως εἰς τὸ πρόβλημα. Ἐπίσης ἐτόνισεν ὅτι ἡ κυβέρνησις παρακολουθεῖ στενῶς τὰς ἐξελίξεις καὶ ὅτι θὰ ἐξακολουθήσῃ τὰς ἐπαφὰς μὲ τὰς φιλικὰς χώρας. Αἱ ἐπιχειρήσεις συνεχίζονται εἰς διάφορα σημεῖα τῆς περιοχῆς, ἐνῷ αἱ διαπραγματεύσεις ἀναμένεται νὰ ἀρχίσουν προσεχῶς.
ΟΥΑΣΙΓΚΤΩΝ, 13. (Ἀσσ. Πρές).— Ὁ ὑπουργὸς τῶν Ἐξωτερικῶν τῶν Ἡνωμένων Πολιτειῶν κ. Ντῆν Ράσκ ἐδήλωσε ὅτι ἡ Ἀμερικὴ δὲν ἐγκατέλειψε τὴν προσπάθειαν διὰ τὴν ἐξεύρεσιν εἰρηνικῆς λύσεως εἰς τὸ πρόβλημα. Ἐπίσης ἐτόνισεν ὅτι ἡ κυβέρνησις παρακολουθεῖ στενῶς τὰς ἐξελίξεις καὶ ὅτι θὰ ἐξακολουθήσῃ τὰς ἐπαφὰς μὲ τὰς φιλικὰς χώρας. Αἱ ἐπιχειρήσεις συνεχίζονται εἰς διάφορα σημεῖα τῆς περιοχῆς, ἐνῷ αἱ διαπραγματεύσεις ἀναμένεται νὰ ἀρχίσουν προσεχῶς.
ΣΧΟΛΙΑ ΤΟΥ ΛΕΚΑΝΗΣ
ΟΥΑΣΙΓΚΤΩΝ, 13. (Ἀσσ. Πρές).— Ὁ ὑπουργὸς τῶν Ἐξωτερικῶν τῶν Ἡνωμένων Πολιτειῶν κ. Ντῆν Ράσκ ἐδήλωσε ὅτι ἡ Ἀμερικὴ δὲν ἐγκατέλειψε τὴν προσπάθειαν διὰ τὴν ἐξεύρεσιν εἰρηνικῆς λύσεως εἰς τὸ πρόβλημα. Ἐπίσης ἐτόνισεν ὅτι ἡ κυβέρνησις παρακολουθεῖ στενῶς τὰς ἐξελίξεις καὶ ὅτι θὰ ἐξακολουθήσῃ τὰς ἐπαφὰς μὲ τὰς φιλικὰς χώρας. Αἱ ἐπιχειρήσεις συνεχίζονται εἰς διάφορα σημεῖα τῆς περιοχῆς, ἐνῷ αἱ διαπραγματεύσεις ἀναμένεται νὰ ἀρχίσουν προσεχῶς.
Η ΕΠΑΝΑΣΤΑΣΙΣ ΗΤΟ Η ΜΟΝΗ ΔΙΕΞΟΔΟΣ ΔΙΑ ΤΗΝ ΕΛΛΑΔΑ ΤΟΝΙΖΕΙ ΕΝ ΑΡΘΡΩ ΕΛΛΗΝΙΚΗ ΕΦΗΜΕΡΙΣ ΤΟΥ ΣΙΔΝΕΫ
ΟΥΑΣΙΓΚΤΩΝ, 13. (Ἀσσ. Πρές).— Ὁ ὑπουργὸς τῶν Ἐξωτερικῶν τῶν Ἡνωμένων Πολιτειῶν κ. Ντῆν Ράσκ ἐδήλωσε ὅτι ἡ Ἀμερικὴ δὲν ἐγκατέλειψε τὴν προσπάθειαν διὰ τὴν ἐξεύρεσιν εἰρηνικῆς λύσεως εἰς τὸ πρόβλημα. Ἐπίσης ἐτόνισεν ὅτι ἡ κυβέρνησις παρακολουθεῖ στενῶς τὰς ἐξελίξεις καὶ ὅτι θὰ ἐξακολουθήσῃ τὰς ἐπαφὰς μὲ τὰς φιλικὰς χώρας. Αἱ ἐπιχειρήσεις συνεχίζονται εἰς διάφορα σημεῖα τῆς περιοχῆς, ἐνῷ αἱ διαπραγματεύσεις ἀναμένεται νὰ ἀρχίσουν προσεχῶς.
ΟΥΑΣΙΓΚΤΩΝ, 13. (Ἀσσ. Πρές).— Ὁ ὑπουργὸς τῶν Ἐξωτερικῶν τῶν Ἡνωμένων Πολιτειῶν κ. Ντῆν Ράσκ ἐδήλωσε ὅτι ἡ Ἀμερικὴ δὲν ἐγκατέλειψε τὴν προσπάθειαν διὰ τὴν ἐξεύρεσιν εἰρηνικῆς λύσεως εἰς τὸ πρόβλημα. Ἐπίσης ἐτόνισεν ὅτι ἡ κυβέρνησις παρακολουθεῖ στενῶς τὰς ἐξελίξεις καὶ ὅτι θὰ ἐξακολουθήσῃ τὰς ἐπαφὰς μὲ τὰς φιλικὰς χώρας. Αἱ ἐπιχειρήσεις συνεχίζονται εἰς διάφορα σημεῖα τῆς περιοχῆς, ἐνῷ αἱ διαπραγματεύσεις ἀναμένεται νὰ ἀρχίσουν προσεχῶς.
ΣΥΓΚΑΛΕΙΤΑΙ ΣΥΝΟΔΟΣ ΤΗΣ ΚΑΘΟΛΙΚΗΣ ΕΚΚΛΗΣΙΑΣ ΠΡΟΣ ΚΑΤΑΠΟΛΕΜΗΣΙΝ ΤΟΥ ΚΥΜΑΤΟΣ ΤΗΣ ΑΘΕ·Ι·ΑΣ
ΟΥΑΣΙΓΚΤΩΝ, 13. (Ἀσσ. Πρές).— Ὁ ὑπουργὸς τῶν Ἐξωτερικῶν τῶν Ἡνωμένων Πολιτειῶν κ. Ντῆν Ράσκ ἐδήλωσε ὅτι ἡ Ἀμερικὴ δὲν ἐγκατέλειψε τὴν προσπάθειαν διὰ τὴν ἐξεύρεσιν εἰρηνικῆς λύσεως εἰς τὸ πρόβλημα. Ἐπίσης ἐτόνισεν ὅτι ἡ κυβέρνησις παρακολουθεῖ στενῶς τὰς ἐξελίξεις καὶ ὅτι θὰ ἐξακολουθήσῃ τὰς ἐπαφὰς μὲ τὰς φιλικὰς χώρας. Αἱ ἐπιχειρήσεις συνεχίζονται εἰς διάφορα σημεῖα τῆς περιοχῆς, ἐνῷ αἱ διαπραγματεύσεις ἀναμένεται νὰ ἀρχίσουν προσεχῶς.
ΟΥΑΣΙΓΚΤΩΝ, 13. (Ἀσσ. Πρές).— Ὁ ὑπουργὸς τῶν Ἐξωτερικῶν τῶν Ἡνωμένων Πολιτειῶν κ. Ντῆν Ράσκ ἐδήλωσε ὅτι ἡ Ἀμερικὴ δὲν ἐγκατέλειψε τὴν προσπάθειαν διὰ τὴν ἐξεύρεσιν εἰρηνικῆς λύσεως εἰς τὸ πρόβλημα. Ἐπίσης ἐτόνισεν ὅτι ἡ κυβέρνησις παρακολουθεῖ στενῶς τὰς ἐξελίξεις καὶ ὅτι θὰ ἐξακολουθήσῃ τὰς ἐπαφὰς μὲ τὰς φιλικὰς χώρας. Αἱ ἐπιχειρήσεις συνεχίζονται εἰς διάφορα σημεῖα τῆς περιοχῆς, ἐνῷ αἱ διαπραγματεύσεις ἀναμένεται νὰ ἀρχίσουν προσεχῶς.
Ο ΚΑΣΣΙΟΥΣ ΚΛΑΪ·Υ· ΗΡΧΙΣΕ ΤΟΝ ΠΥΓΜΑΧΙΚΟΝ ΒΙΟΝ ΜΕ ΙΣΧΥΡΑΝ ΓΡΟΘΙΑΝ ΕΙΣ ΤΑ ΔΟΝΤΙΑ ΤΗΣ ΜΗΤΡΟΣ ΤΟΥ
ΟΥΑΣΙΓΚΤΩΝ, 13. (Ἀσσ. Πρές).— Ὁ ὑπουργὸς τῶν Ἐξωτερικῶν τῶν Ἡνωμένων Πολιτειῶν κ. Ντῆν Ράσκ ἐδήλωσε ὅτι ἡ Ἀμερικὴ δὲν ἐγκατέλειψε τὴν προσπάθειαν διὰ τὴν ἐξεύρεσιν εἰρηνικῆς λύσεως εἰς τὸ πρόβλημα. Ἐπίσης ἐτόνισεν ὅτι ἡ κυβέρνησις παρακολουθεῖ στενῶς τὰς ἐξελίξεις καὶ ὅτι θὰ ἐξακολουθήσῃ τὰς ἐπαφὰς μὲ τὰς φιλικὰς χώρας. Αἱ ἐπιχειρήσεις συνεχίζονται εἰς διάφορα σημεῖα τῆς περιοχῆς, ἐνῷ αἱ διαπραγματεύσεις ἀναμένεται νὰ ἀρχίσουν προσεχῶς.
ΟΥΑΣΙΓΚΤΩΝ, 13. (Ἀσσ. Πρές).— Ὁ ὑπουργὸς τῶν Ἐξωτερικῶν τῶν Ἡνωμένων Πολιτειῶν κ. Ντῆν Ράσκ ἐδήλωσε ὅτι ἡ Ἀμερικὴ δὲν ἐγκατέλειψε τὴν προσπάθειαν διὰ τὴν ἐξεύρεσιν εἰρηνικῆς λύσεως εἰς τὸ πρόβλημα. Ἐπίσης ἐτόνισεν ὅτι ἡ κυβέρνησις παρακολουθεῖ στενῶς τὰς ἐξελίξεις καὶ ὅτι θὰ ἐξακολουθήσῃ τὰς ἐπαφὰς μὲ τὰς φιλικὰς χώρας. Αἱ ἐπιχειρήσεις συνεχίζονται εἰς διάφορα σημεῖα τῆς περιοχῆς, ἐνῷ αἱ διαπραγματεύσεις ἀναμένεται νὰ ἀρχίσουν προσεχῶς.
ΝΕΟΝ ΕΛΛΕΙΜΜΑ ΣΗΜΕΙΩΘΗ ΚΑΤΑ ΤΟΝ ΑΥΓΟΥΣΤΟΝ ΕΙΣ ΤΟ ΕΞΩΤΕΡΙΚΟΝ ΕΜΠΟΡΙΟΝ ΤΗΣ ΒΡΕΤΑΝΝΙΑΣ
ΟΥΑΣΙΓΚΤΩΝ, 13. (Ἀσσ. Πρές).— Ὁ ὑπουργὸς τῶν Ἐξωτερικῶν τῶν Ἡνωμένων Πολιτειῶν κ. Ντῆν Ράσκ ἐδήλωσε ὅτι ἡ Ἀμερικὴ δὲν ἐγκατέλειψε τὴν προσπάθειαν διὰ τὴν ἐξεύρεσιν εἰρηνικῆς λύσεως εἰς τὸ πρόβλημα. Ἐπίσης ἐτόνισεν ὅτι ἡ κυβέρνησις παρακολουθεῖ στενῶς τὰς ἐξελίξεις καὶ ὅτι θὰ ἐξακολουθήσῃ τὰς ἐπαφὰς μὲ τὰς φιλικὰς χώρας. Αἱ ἐπιχειρήσεις συνεχίζονται εἰς διάφορα σημεῖα τῆς περιοχῆς, ἐνῷ αἱ διαπραγματεύσεις ἀναμένεται νὰ ἀρχίσουν προσεχῶς.
ΟΥΑΣΙΓΚΤΩΝ, 13. (Ἀσσ. Πρές).— Ὁ ὑπουργὸς τῶν Ἐξωτερικῶν τῶν Ἡνωμένων Πολιτειῶν κ. Ντῆν Ράσκ ἐδήλωσε ὅτι ἡ Ἀμερικὴ δὲν ἐγκατέλειψε τὴν προσπάθειαν διὰ τὴν ἐξεύρεσιν εἰρηνικῆς λύσεως εἰς τὸ πρόβλημα. Ἐπίσης ἐτόνισεν ὅτι ἡ κυβέρνησις παρακολουθεῖ στενῶς τὰς ἐξελίξεις καὶ ὅτι θὰ ἐξακολουθήσῃ τὰς ἐπαφὰς μὲ τὰς φιλικὰς χώρας. Αἱ ἐπιχειρήσεις συνεχίζονται εἰς διάφορα σημεῖα τῆς περιοχῆς, ἐνῷ αἱ διαπραγματεύσεις ἀναμένεται νὰ ἀρχίσουν προσεχῶς.
Ο ΦΑΟ ΚΑΛΕΙ ΤΗΝ ΒΙΟΜΗΧΑΝΙΑ ΝΑ ΣΥΜΒΑΛΗ ΕΙΣ ΤΗΝ ΑΝΑΠΤΥΞΙΝ ΤΩΝ ΠΤΩΧΩΝ ΧΩΡΩΝ
ΟΥΑΣΙΓΚΤΩΝ, 13. (Ἀσσ. Πρές).— Ὁ ὑπουργὸς τῶν Ἐξωτερικῶν τῶν Ἡνωμένων Πολιτειῶν κ. Ντῆν Ράσκ ἐδήλωσε ὅτι ἡ Ἀμερικὴ δὲν ἐγκατέλειψε τὴν προσπάθειαν διὰ τὴν ἐξεύρεσιν εἰρηνικῆς λύσεως εἰς τὸ πρόβλημα. Ἐπίσης ἐτόνισεν ὅτι ἡ κυβέρνησις παρακολουθεῖ στενῶς τὰς ἐξελίξεις καὶ ὅτι θὰ ἐξακολουθήσῃ τὰς ἐπαφὰς μὲ τὰς φιλικὰς χώρας. Αἱ ἐπιχειρήσεις συνεχίζονται εἰς διάφορα σημεῖα τῆς περιοχῆς, ἐνῷ αἱ διαπραγματεύσεις ἀναμένεται νὰ ἀρχίσουν προσεχῶς.
ΟΥΑΣΙΓΚΤΩΝ, 13. (Ἀσσ. Πρές).— Ὁ ὑπουργὸς τῶν Ἐξωτερικῶν τῶν Ἡνωμένων Πολιτειῶν κ. Ντῆν Ράσκ ἐδήλωσε ὅτι ἡ Ἀμερικὴ δὲν ἐγκατέλειψε τὴν προσπάθειαν διὰ τὴν ἐξεύρεσιν εἰρηνικῆς λύσεως εἰς τὸ πρόβλημα. Ἐπίσης ἐτόνισεν ὅτι ἡ κυβέρνησις παρακολουθεῖ στενῶς τὰς ἐξελίξεις καὶ ὅτι θὰ ἐξακολουθήσῃ τὰς ἐπαφὰς μὲ τὰς φιλικὰς χώρας. Αἱ ἐπιχειρήσεις συνεχίζονται εἰς διάφορα σημεῖα τῆς περιοχῆς, ἐνῷ αἱ διαπραγματεύσεις ἀναμένεται νὰ ἀρχίσουν προσεχῶς.
ΕΠΑΝΕΛΗΦΘΗΣΑΝ ΑΙ ΕΡΕΥΝΑΙ ΕΙΣ ΤΗΝ ΛΙΒΥΗΝ ΔΙΑ ΤΗΝ ΑΝΑΚΑΛΥΨΙΝ ΦΛΕΒΩΝ ΠΕΤΡΕΛΑΙΟΥ
ΟΥΑΣΙΓΚΤΩΝ, 13. (Ἀσσ. Πρές).— Ὁ ὑπουργὸς τῶν Ἐξωτερικῶν τῶν Ἡνωμένων Πολιτειῶν κ. Ντῆν Ράσκ ἐδήλωσε ὅτι ἡ Ἀμερικὴ δὲν ἐγκατέλειψε τὴν προσπάθειαν διὰ τὴν ἐξεύρεσιν εἰρηνικῆς λύσεως εἰς τὸ πρόβλημα. Ἐπίσης ἐτόνισεν ὅτι ἡ κυβέρνησις παρακολουθεῖ στενῶς τὰς ἐξελίξεις καὶ ὅτι θὰ ἐξακολουθήσῃ τὰς ἐπαφὰς μὲ τὰς φιλικὰς χώρας. Αἱ ἐπιχειρήσεις συνεχίζονται εἰς διάφορα σημεῖα τῆς περιοχῆς, ἐνῷ αἱ διαπραγματεύσεις ἀναμένεται νὰ ἀρχίσουν προσεχῶς.
ΟΥΑΣΙΓΚΤΩΝ, 13. (Ἀσσ. Πρές).— Ὁ ὑπουργὸς τῶν Ἐξωτερικῶν τῶν Ἡνωμένων Πολιτειῶν κ. Ντῆν Ράσκ ἐδήλωσε ὅτι ἡ Ἀμερικὴ δὲν ἐγκατέλειψε τὴν προσπάθειαν διὰ τὴν ἐξεύρεσιν εἰρηνικῆς λύσεως εἰς τὸ πρόβλημα. Ἐπίσης ἐτόνισεν ὅτι ἡ κυβέρνησις παρακολουθεῖ στενῶς τὰς ἐξελίξεις καὶ ὅτι θὰ ἐξακολουθήσῃ τὰς ἐπαφὰς μὲ τὰς φιλικὰς χώρας. Αἱ ἐπιχειρήσεις συνεχίζονται εἰς διάφορα σημεῖα τῆς περιοχῆς, ἐνῷ αἱ διαπραγματεύσεις ἀναμένεται νὰ ἀρχίσουν προσεχῶς.
ΑΠΟΚΑΤΕΣΤΑΘΗΣΑΝ ΔΙΠΛΩΜΑΤΙΚΑΙ ΣΧΕΣΕΙΣ ΜΕΤΑΞΥ ΙΟΡΔΑΝΙΑΣ ΚΑΙ ΔΥΤΙΚΗΣ ΓΕΡΜΑΝΙΑΣ
ΟΥΑΣΙΓΚΤΩΝ, 13. (Ἀσσ. Πρές).— Ὁ ὑπουργὸς τῶν Ἐξωτερικῶν τῶν Ἡνωμένων Πολιτειῶν κ. Ντῆν Ράσκ ἐδήλωσε ὅτι ἡ Ἀμερικὴ δὲν ἐγκατέλειψε τὴν προσπάθειαν διὰ τὴν ἐξεύρεσιν εἰρηνικῆς λύσεως εἰς τὸ πρόβλημα. Ἐπίσης ἐτόνισεν ὅτι ἡ κυβέρνησις παρακολουθεῖ στενῶς τὰς ἐξελίξεις καὶ ὅτι θὰ ἐξακολουθήσῃ τὰς ἐπαφὰς μὲ τὰς φιλικὰς χώρας. Αἱ ἐπιχειρήσεις συνεχίζονται εἰς διάφορα σημεῖα τῆς περιοχῆς, ἐνῷ αἱ διαπραγματεύσεις ἀναμένεται νὰ ἀρχίσουν προσεχῶς.
ΟΥΑΣΙΓΚΤΩΝ, 13. (Ἀσσ. Πρές).— Ὁ ὑπουργὸς τῶν Ἐξωτερικῶν τῶν Ἡνωμένων Πολιτειῶν κ. Ντῆν Ράσκ ἐδήλωσε ὅτι ἡ Ἀμερικὴ δὲν ἐγκατέλειψε τὴν προσπάθειαν διὰ τὴν ἐξεύρεσιν εἰρηνικῆς λύσεως εἰς τὸ πρόβλημα. Ἐπίσης ἐτόνισεν ὅτι ἡ κυβέρνησις παρακολουθεῖ στενῶς τὰς ἐξελίξεις καὶ ὅτι θὰ ἐξακολουθήσῃ τὰς ἐπαφὰς μὲ τὰς φιλικὰς χώρας. Αἱ ἐπιχειρήσεις συνεχίζονται εἰς διάφορα σημεῖα τῆς περιοχῆς, ἐνῷ αἱ διαπραγματεύσεις ἀναμένεται νὰ ἀρχίσουν προσεχῶς.
ΕΠΑΝΕΛΗΦΘΗΣΑΝ ΑΙ ΑΝΤΑΛΛΑΓΑΙ ΠΥΡΩΝ ΕΙΣ ΤΗΝ ΠΕΡΙΟΧΗΝ ΤΗΣ ΚΑΝΤΑΡΑΣ ΜΕΤΑΞΥ ΤΩΝ ΑΙΓΥΠΤΙΩΝ ΚΑΙ ΙΣΡΑΗΛΙΝΩΝ
Τό Τέλ Αβίβ μελετᾶ τήν προσάρτησιν τῶν ἐδαφῶν τῆς περιοχῆς τῆς Γάζης
ΟΥΑΣΙΓΚΤΩΝ, 13. (Ἀσσ. Πρές).— Ὁ ὑπουργὸς τῶν Ἐξωτερικῶν τῶν Ἡνωμένων Πολιτειῶν κ. Ντῆν Ράσκ ἐδήλωσε ὅτι ἡ Ἀμερικὴ δὲν ἐγκατέλειψε τὴν προσπάθειαν διὰ τὴν ἐξεύρεσιν εἰρηνικῆς λύσεως εἰς τὸ πρόβλημα. Ἐπίσης ἐτόνισεν ὅτι ἡ κυβέρνησις παρακολουθεῖ στενῶς τὰς ἐξελίξεις καὶ ὅτι θὰ ἐξακολουθήσῃ τὰς ἐπαφὰς μὲ τὰς φιλικὰς χώρας. Αἱ ἐπιχειρήσεις συνεχίζονται εἰς διάφορα σημεῖα τῆς περιοχῆς, ἐνῷ αἱ διαπραγματεύσεις ἀναμένεται νὰ ἀρχίσουν προσεχῶς.
ΕΠΙΚΥΡΩΣΙΣ ΤΗΣ ΠΑΡΑΙΤΗΣΕΩΣ
ΟΥΑΣΙΓΚΤΩΝ, 13. (Ἀσσ. Πρές).— Ὁ ὑπουργὸς τῶν Ἐξωτερικῶν τῶν Ἡνωμένων Πολιτειῶν κ. Ντῆν Ράσκ ἐδήλωσε ὅτι ἡ Ἀμερικὴ δὲν ἐγκατέλειψε τὴν προσπάθειαν διὰ τὴν ἐξεύρεσιν εἰρηνικῆς λύσεως εἰς τὸ πρόβλημα. Ἐπίσης ἐτόνισεν ὅτι ἡ κυβέρνησις παρακολουθεῖ στενῶς τὰς ἐξελίξεις καὶ ὅτι θὰ ἐξακολουθήσῃ τὰς ἐπαφὰς μὲ τὰς φιλικὰς χώρας. Αἱ ἐπιχειρήσεις συνεχίζονται εἰς διάφορα σημεῖα τῆς περιοχῆς, ἐνῷ αἱ διαπραγματεύσεις ἀναμένεται νὰ ἀρχίσουν προσεχῶς.
Η ΚΑΤΟΧΗ ΤΗΣ ΓΑΖΗΣ
ΟΥΑΣΙΓΚΤΩΝ, 13. (Ἀσσ. Πρές).— Ὁ ὑπουργὸς τῶν Ἐξωτερικῶν τῶν Ἡνωμένων Πολιτειῶν κ. Ντῆν Ράσκ ἐδήλωσε ὅτι ἡ Ἀμερικὴ δὲν ἐγκατέλειψε τὴν προσπάθειαν διὰ τὴν ἐξεύρεσιν εἰρηνικῆς λύσεως εἰς τὸ πρόβλημα. Ἐπίσης ἐτόνισεν ὅτι ἡ κυβέρνησις παρακολουθεῖ στενῶς τὰς ἐξελίξεις καὶ ὅτι θὰ ἐξακολουθήσῃ τὰς ἐπαφὰς μὲ τὰς φιλικὰς χώρας. Αἱ ἐπιχειρήσεις συνεχίζονται εἰς διάφορα σημεῖα τῆς περιοχῆς, ἐνῷ αἱ διαπραγματεύσεις ἀναμένεται νὰ ἀρχίσουν προσεχῶς.
ΔΗΛΩΣΕΙΣ ΤΟΥ ΕΜΠΑΝ
ΟΥΑΣΙΓΚΤΩΝ, 13. (Ἀσσ. Πρές).— Ὁ ὑπουργὸς τῶν Ἐξωτερικῶν τῶν Ἡνωμένων Πολιτειῶν κ. Ντῆν Ράσκ ἐδήλωσε ὅτι ἡ Ἀμερικὴ δὲν ἐγκατέλειψε τὴν προσπάθειαν διὰ τὴν ἐξεύρεσιν εἰρηνικῆς λύσεως εἰς τὸ πρόβλημα. Ἐπίσης ἐτόνισεν ὅτι ἡ κυβέρνησις παρακολουθεῖ στενῶς τὰς ἐξελίξεις καὶ ὅτι θὰ ἐξακολουθήσῃ τὰς ἐπαφὰς μὲ τὰς φιλικὰς χώρας. Αἱ ἐπιχειρήσεις συνεχίζονται εἰς διάφορα σημεῖα τῆς περιοχῆς, ἐνῷ αἱ διαπραγματεύσεις ἀναμένεται νὰ ἀρχίσουν προσεχῶς.
ΑΙ ΘΕΛΟΣΟΦΙΑΙ ΤΟΥ ΝΑΣΣΕΡ
ΟΥΑΣΙΓΚΤΩΝ, 13. (Ἀσσ. Πρές).— Ὁ ὑπουργὸς τῶν Ἐξωτερικῶν τῶν Ἡνωμένων Πολιτειῶν κ. Ντῆν Ράσκ ἐδήλωσε ὅτι ἡ Ἀμερικὴ δὲν ἐγκατέλειψε τὴν προσπάθειαν διὰ τὴν ἐξεύρεσιν εἰρηνικῆς λύσεως εἰς τὸ πρόβλημα. Ἐπίσης ἐτόνισεν ὅτι ἡ κυβέρνησις παρακολουθεῖ στενῶς τὰς ἐξελίξεις καὶ ὅτι θὰ ἐξακολουθήσῃ τὰς ἐπαφὰς μὲ τὰς φιλικὰς χώρας. Αἱ ἐπιχειρήσεις συνεχίζονται εἰς διάφορα σημεῖα τῆς περιοχῆς, ἐνῷ αἱ διαπραγματεύσεις ἀναμένεται νὰ ἀρχίσουν προσεχῶς.
ΤΟ ΘΕΜΑ ΤΩΝ ΠΡΟΣΦΥΓΩΝ
ΟΥΑΣΙΓΚΤΩΝ, 13. (Ἀσσ. Πρές).— Ὁ ὑπουργὸς τῶν Ἐξωτερικῶν τῶν Ἡνωμένων Πολιτειῶν κ. Ντῆν Ράσκ ἐδήλωσε ὅτι ἡ Ἀμερικὴ δὲν ἐγκατέλειψε τὴν προσπάθειαν διὰ τὴν ἐξεύρεσιν εἰρηνικῆς λύσεως εἰς τὸ πρόβλημα. Ἐπίσης ἐτόνισεν ὅτι ἡ κυβέρνησις παρακολουθεῖ στενῶς τὰς ἐξελίξεις καὶ ὅτι θὰ ἐξακολουθήσῃ τὰς ἐπαφὰς μὲ τὰς φιλικὰς χώρας. Αἱ ἐπιχειρήσεις συνεχίζονται εἰς διάφορα σημεῖα τῆς περιοχῆς, ἐνῷ αἱ διαπραγματεύσεις ἀναμένεται νὰ ἀρχίσουν προσεχῶς.
ΕΠΙΘΥΜΙΑΣΤΕ ΤΟ ΝΤΑΓΙΑΝ
ΟΥΑΣΙΓΚΤΩΝ, 13. (Ἀσσ. Πρές).— Ὁ ὑπουργὸς τῶν Ἐξωτερικῶν τῶν Ἡνωμένων Πολιτειῶν κ. Ντῆν Ράσκ ἐδήλωσε ὅτι ἡ Ἀμερικὴ δὲν ἐγκατέλειψε τὴν προσπάθειαν διὰ τὴν ἐξεύρεσιν εἰρηνικῆς λύσεως εἰς τὸ πρόβλημα. Ἐπίσης ἐτόνισεν ὅτι ἡ κυβέρνησις παρακολουθεῖ στενῶς τὰς ἐξελίξεις καὶ ὅτι θὰ ἐξακολουθήσῃ τὰς ἐπαφὰς μὲ τὰς φιλικὰς χώρας. Αἱ ἐπιχειρήσεις συνεχίζονται εἰς διάφορα σημεῖα τῆς περιοχῆς, ἐνῷ αἱ διαπραγματεύσεις ἀναμένεται νὰ ἀρχίσουν προσεχῶς.
ΧΑΤΑΔΙΚΗ ΑΡΑΒΩΝ
ΟΥΑΣΙΓΚΤΩΝ, 13. (Ἀσσ. Πρές).— Ὁ ὑπουργὸς τῶν Ἐξωτερικῶν τῶν Ἡνωμένων Πολιτειῶν κ. Ντῆν Ράσκ ἐδήλωσε ὅτι ἡ Ἀμερικὴ δὲν ἐγκατέλειψε τὴν προσπάθειαν διὰ τὴν ἐξεύρεσιν εἰρηνικῆς λύσεως εἰς τὸ πρόβλημα. Ἐπίσης ἐτόνισεν ὅτι ἡ κυβέρνησις παρακολουθεῖ στενῶς τὰς ἐξελίξεις καὶ ὅτι θὰ ἐξακολουθήσῃ τὰς ἐπαφὰς μὲ τὰς φιλικὰς χώρας. Αἱ ἐπιχειρήσεις συνεχίζονται εἰς διάφορα σημεῖα τῆς περιοχῆς, ἐνῷ αἱ διαπραγματεύσεις ἀναμένεται νὰ ἀρχίσουν προσεχῶς.
ΝΑ ΠΡΥΤΑΝΕΥΣΗ Η ΛΟΓΙΚΗ
ΟΥΑΣΙΓΚΤΩΝ, 13. (Ἀσσ. Πρές).— Ὁ ὑπουργὸς τῶν Ἐξωτερικῶν τῶν Ἡνωμένων Πολιτειῶν κ. Ντῆν Ράσκ ἐδήλωσε ὅτι ἡ Ἀμερικὴ δὲν ἐγκατέλειψε τὴν προσπάθειαν διὰ τὴν ἐξεύρεσιν εἰρηνικῆς λύσεως εἰς τὸ πρόβλημα. Ἐπίσης ἐτόνισεν ὅτι ἡ κυβέρνησις παρακολουθεῖ στενῶς τὰς ἐξελίξεις καὶ ὅτι θὰ ἐξακολουθήσῃ τὰς ἐπαφὰς μὲ τὰς φιλικὰς χώρας. Αἱ ἐπιχειρήσεις συνεχίζονται εἰς διάφορα σημεῖα τῆς περιοχῆς, ἐνῷ αἱ διαπραγματεύσεις ἀναμένεται νὰ ἀρχίσουν προσεχῶς.
Ο κ. ΠΟΜΠΙΝΤΟΥ ΜΕΤΕΒΗ ΕΙΣ ΤΗΝ ΒΙΕΝΝΗΝ
ΘΑ ΠΑΡΑΜΕΙΝΗ
ΕΠΙ ΤΡΙΗΜΕΡΟΝ
ΟΥΑΣΙΓΚΤΩΝ, 13. (Ἀσσ. Πρές).— Ὁ ὑπουργὸς τῶν Ἐξωτερικῶν τῶν Ἡνωμένων Πολιτειῶν κ. Ντῆν Ράσκ ἐδήλωσε ὅτι ἡ Ἀμερικὴ δὲν ἐγκατέλειψε τὴν προσπάθειαν διὰ τὴν ἐξεύρεσιν εἰρηνικῆς λύσεως εἰς τὸ πρόβλημα. Ἐπίσης ἐτόνισεν ὅτι ἡ κυβέρνησις παρακολουθεῖ στενῶς τὰς ἐξελίξεις καὶ ὅτι θὰ ἐξακολουθήσῃ τὰς ἐπαφὰς μὲ τὰς φιλικὰς χώρας. Αἱ ἐπιχειρήσεις συνεχίζονται εἰς διάφορα σημεῖα τῆς περιοχῆς, ἐνῷ αἱ διαπραγματεύσεις ἀναμένεται νὰ ἀρχίσουν προσεχῶς.
ΔΙΑΘΕΣΙΣ ΠΙΣΤΩΣΕΩΝ ΔΙΑ ΤΗΝ ΕΚΤΕΛΕΣΙΝ ΕΡΓΩΝ ΟΔΟΠΟΙΪΑΣ
ΟΥΑΣΙΓΚΤΩΝ, 13. (Ἀσσ. Πρές).— Ὁ ὑπουργὸς τῶν Ἐξωτερικῶν τῶν Ἡνωμένων Πολιτειῶν κ. Ντῆν Ράσκ ἐδήλωσε ὅτι ἡ Ἀμερικὴ δὲν ἐγκατέλειψε τὴν προσπάθειαν διὰ τὴν ἐξεύρεσιν εἰρηνικῆς λύσεως εἰς τὸ πρόβλημα. Ἐπίσης ἐτόνισεν ὅτι ἡ κυβέρνησις παρακολουθεῖ στενῶς τὰς ἐξελίξεις καὶ ὅτι θὰ ἐξακολουθήσῃ τὰς ἐπαφὰς μὲ τὰς φιλικὰς χώρας. Αἱ ἐπιχειρήσεις συνεχίζονται εἰς διάφορα σημεῖα τῆς περιοχῆς, ἐνῷ αἱ διαπραγματεύσεις ἀναμένεται νὰ ἀρχίσουν προσεχῶς.
Η ΣΥΝΟΔΟΣ ΤΗΣ ΕΠΙΤΡΟΠΗΣ ΤΥΠΟΠΟΙΗΣΕΩΣ ΑΤΛΑΝΤΙΚΟΥ ΣΥΜΦΩΝΟΥ
ΟΥΑΣΙΓΚΤΩΝ, 13. (Ἀσσ. Πρές).— Ὁ ὑπουργὸς τῶν Ἐξωτερικῶν τῶν Ἡνωμένων Πολιτειῶν κ. Ντῆν Ράσκ ἐδήλωσε ὅτι ἡ Ἀμερικὴ δὲν ἐγκατέλειψε τὴν προσπάθειαν διὰ τὴν ἐξεύρεσιν εἰρηνικῆς λύσεως εἰς τὸ πρόβλημα. Ἐπίσης ἐτόνισεν ὅτι ἡ κυβέρνησις παρακολουθεῖ στενῶς τὰς ἐξελίξεις καὶ ὅτι θὰ ἐξακολουθήσῃ τὰς ἐπαφὰς μὲ τὰς φιλικὰς χώρας. Αἱ ἐπιχειρήσεις συνεχίζονται εἰς διάφορα σημεῖα τῆς περιοχῆς, ἐνῷ αἱ διαπραγματεύσεις ἀναμένεται νὰ ἀρχίσουν προσεχῶς.
ΟΙ ΑΝΑΝΔΡΟΙ ΚΑΛΛΑΡΥΤΩΝ ΕΚΦΡΑΖΟΥΝ ΕΥΧΑΡΙΣΤΙΑΣ ΠΡΟΣ ΤΟΝ κ. ΠΟΥΛΑΝΤΖΑΝ
ΟΥΑΣΙΓΚΤΩΝ, 13. (Ἀσσ. Πρές).— Ὁ ὑπουργὸς τῶν Ἐξωτερικῶν τῶν Ἡνωμένων Πολιτειῶν κ. Ντῆν Ράσκ ἐδήλωσε ὅτι ἡ Ἀμερικὴ δὲν ἐγκατέλειψε τὴν προσπάθειαν διὰ τὴν ἐξεύρεσιν εἰρηνικῆς λύσεως εἰς τὸ πρόβλημα. Ἐπίσης ἐτόνισεν ὅτι ἡ κυβέρνησις παρακολουθεῖ στενῶς τὰς ἐξελίξεις καὶ ὅτι θὰ ἐξακολουθήσῃ τὰς ἐπαφὰς μὲ τὰς φιλικὰς χώρας. Αἱ ἐπιχειρήσεις συνεχίζονται εἰς διάφορα σημεῖα τῆς περιοχῆς, ἐνῷ αἱ διαπραγματεύσεις ἀναμένεται νὰ ἀρχίσουν προσεχῶς.
ΒΡΟΧΑΙ ΚΑΙ ΑΝΕΜΟΙ ΕΙΣ ΟΛΗΝ ΤΗΝ ΧΩΡΑΝ
ΟΥΑΣΙΓΚΤΩΝ, 13. (Ἀσσ. Πρές).— Ὁ ὑπουργὸς τῶν Ἐξωτερικῶν τῶν Ἡνωμένων Πολιτειῶν κ. Ντῆν Ράσκ ἐδήλωσε ὅτι ἡ Ἀμερικὴ δὲν ἐγκατέλειψε τὴν προσπάθειαν διὰ τὴν ἐξεύρεσιν εἰρηνικῆς λύσεως εἰς τὸ πρόβλημα. Ἐπίσης ἐτόνισεν ὅτι ἡ κυβέρνησις παρακολουθεῖ στενῶς τὰς ἐξελίξεις καὶ ὅτι θὰ ἐξακολουθήσῃ τὰς ἐπαφὰς μὲ τὰς φιλικὰς χώρας. Αἱ ἐπιχειρήσεις συνεχίζονται εἰς διάφορα σημεῖα τῆς περιοχῆς, ἐνῷ αἱ διαπραγματεύσεις ἀναμένεται νὰ ἀρχίσουν προσεχῶς.
Η ΛΕΙΤΟΥΡΓΙΑ ΤΩΝ ΦΑΡΜΑΚΕΙΩΝ
ΟΥΑΣΙΓΚΤΩΝ, 13. (Ἀσσ. Πρές).— Ὁ ὑπουργὸς τῶν Ἐξωτερικῶν τῶν Ἡνωμένων Πολιτειῶν κ. Ντῆν Ράσκ ἐδήλωσε ὅτι ἡ Ἀμερικὴ δὲν ἐγκατέλειψε τὴν προσπάθειαν διὰ τὴν ἐξεύρεσιν εἰρηνικῆς λύσεως εἰς τὸ πρόβλημα. Ἐπίσης ἐτόνισεν ὅτι ἡ κυβέρνησις παρακολουθεῖ στενῶς τὰς ἐξελίξεις καὶ ὅτι θὰ ἐξακολουθήσῃ τὰς ἐπαφὰς μὲ τὰς φιλικὰς χώρας. Αἱ ἐπιχειρήσεις συνεχίζονται εἰς διάφορα σημεῖα τῆς περιοχῆς, ἐνῷ αἱ διαπραγματεύσεις ἀναμένεται νὰ ἀρχίσουν προσεχῶς.
ΚΗΔΕΙΑΙ
ΟΥΑΣΙΓΚΤΩΝ, 13. (Ἀσσ. Πρές).— Ὁ ὑπουργὸς τῶν Ἐξωτερικῶν τῶν Ἡνωμένων Πολιτειῶν κ. Ντῆν Ράσκ ἐδήλωσε ὅτι ἡ Ἀμερικὴ δὲν ἐγκατέλειψε τὴν προσπάθειαν διὰ τὴν ἐξεύρεσιν εἰρηνικῆς λύσεως εἰς τὸ πρόβλημα. Ἐπίσης ἐτόνισεν ὅτι ἡ κυβέρνησις παρακολουθεῖ στενῶς τὰς ἐξελίξεις καὶ ὅτι θὰ ἐξακολουθήσῃ τὰς ἐπαφὰς μὲ τὰς φιλικὰς χώρας. Αἱ ἐπιχειρήσεις συνεχίζονται εἰς διάφορα σημεῖα τῆς περιοχῆς, ἐνῷ αἱ διαπραγματεύσεις ἀναμένεται νὰ ἀρχίσουν προσεχῶς.
Η ΣΟΒΙΕΤΙΚΗ ΕΝΩΣΙΣ ΘΕΩΡΕΙ ΩΣ ΥΠΕΥΘΥΝΟΥΣ ΔΙΑ ΤΟΝ ΠΟΛΕΜΟΝ ΕΙΣ ΤΗΝ ΝΙΓΗΡΙΑΝ ΤΗΝ ΑΜΕΡΙΚΗΝ, ΤΗΝ ΓΕΡΜΑΝΙΑΝ ΚΑΙ ΠΟΡΤΟΓΑΛΙΑΝ
ΟΥΑΣΙΓΚΤΩΝ, 13. (Ἀσσ. Πρές).— Ὁ ὑπουργὸς τῶν Ἐξωτερικῶν τῶν Ἡνωμένων Πολιτειῶν κ. Ντῆν Ράσκ ἐδήλωσε ὅτι ἡ Ἀμερικὴ δὲν ἐγκατέλειψε τὴν προσπάθειαν διὰ τὴν ἐξεύρεσιν εἰρηνικῆς λύσεως εἰς τὸ πρόβλημα. Ἐπίσης ἐτόνισεν ὅτι ἡ κυβέρνησις παρακολουθεῖ στενῶς τὰς ἐξελίξεις καὶ ὅτι θὰ ἐξακολουθήσῃ τὰς ἐπαφὰς μὲ τὰς φιλικὰς χώρας. Αἱ ἐπιχειρήσεις συνεχίζονται εἰς διάφορα σημεῖα τῆς περιοχῆς, ἐνῷ αἱ διαπραγματεύσεις ἀναμένεται νὰ ἀρχίσουν προσεχῶς.
Η ΦΟΡΟΛΟΓΙΣΜΟΣ ΙΣΧΥΣ ΚΑΙ ΤΟ ΜΕΓΙΣΤΟΝ ΜΗΚΟΣ ΤΩΝ ΕΠΙΒΑΤΗΓΩΝ Δ.Χ.
ΟΥΑΣΙΓΚΤΩΝ, 13. (Ἀσσ. Πρές).— Ὁ ὑπουργὸς τῶν Ἐξωτερικῶν τῶν Ἡνωμένων Πολιτειῶν κ. Ντῆν Ράσκ ἐδήλωσε ὅτι ἡ Ἀμερικὴ δὲν ἐγκατέλειψε τὴν προσπάθειαν διὰ τὴν ἐξεύρεσιν εἰρηνικῆς λύσεως εἰς τὸ πρόβλημα. Ἐπίσης ἐτόνισεν ὅτι ἡ κυβέρνησις παρακολουθεῖ στενῶς τὰς ἐξελίξεις καὶ ὅτι θὰ ἐξακολουθήσῃ τὰς ἐπαφὰς μὲ τὰς φιλικὰς χώρας. Αἱ ἐπιχειρήσεις συνεχίζονται εἰς διάφορα σημεῖα τῆς περιοχῆς, ἐνῷ αἱ διαπραγματεύσεις ἀναμένεται νὰ ἀρχίσουν προσεχῶς.
ΚΑΤΕΔΙΚΑΣΘΗ ΟΔΗΓΟΣ ΥΠΑΙΤΙΟΣ ΑΤΥΧΗΜΑΤΟΣ
ΟΥΑΣΙΓΚΤΩΝ, 13. (Ἀσσ. Πρές).— Ὁ ὑπουργὸς τῶν Ἐξωτερικῶν τῶν Ἡνωμένων Πολιτειῶν κ. Ντῆν Ράσκ ἐδήλωσε ὅτι ἡ Ἀμερικὴ δὲν ἐγκατέλειψε τὴν προσπάθειαν διὰ τὴν ἐξεύρεσιν εἰρηνικῆς λύσεως εἰς τὸ πρόβλημα. Ἐπίσης ἐτόνισεν ὅτι ἡ κυβέρνησις παρακολουθεῖ στενῶς τὰς ἐξελίξεις καὶ ὅτι θὰ ἐξακολουθήσῃ τὰς ἐπαφὰς μὲ τὰς φιλικὰς χώρας. Αἱ ἐπιχειρήσεις συνεχίζονται εἰς διάφορα σημεῖα τῆς περιοχῆς, ἐνῷ αἱ διαπραγματεύσεις ἀναμένεται νὰ ἀρχίσουν προσεχῶς.
Η ΝΟΤ. ΡΟΔΕΣΙΑ ΕΤΟΝΙΣΕΝ Ο ΠΡΩΘΥΠΟΥΡΓΟΣ κ. ΣΜΙΘ ΘΑ ΑΥΤΟΑΝΑΚΗΡΥΧΘΗ ΕΙΣ ΔΗΜΟΚΡΑΤΙΑΝ ΔΙΑΚΟΠΤΟΥΣΑ ΤΟΥΣ ΔΕΣΜΟΥΣ ΜΕ ΤΗΝ ΒΡΕΤΑΝΝΙΑΝ
ΟΥΑΣΙΓΚΤΩΝ, 13. (Ἀσσ. Πρές).— Ὁ ὑπουργὸς τῶν Ἐξωτερικῶν τῶν Ἡνωμένων Πολιτειῶν κ. Ντῆν Ράσκ ἐδήλωσε ὅτι ἡ Ἀμερικὴ δὲν ἐγκατέλειψε τὴν προσπάθειαν διὰ τὴν ἐξεύρεσιν εἰρηνικῆς λύσεως εἰς τὸ πρόβλημα. Ἐπίσης ἐτόνισεν ὅτι ἡ κυβέρνησις παρακολουθεῖ στενῶς τὰς ἐξελίξεις καὶ ὅτι θὰ ἐξακολουθήσῃ τὰς ἐπαφὰς μὲ τὰς φιλικὰς χώρας. Αἱ ἐπιχειρήσεις συνεχίζονται εἰς διάφορα σημεῖα τῆς περιοχῆς, ἐνῷ αἱ διαπραγματεύσεις ἀναμένεται νὰ ἀρχίσουν προσεχῶς.
ΟΥΑΣΙΓΚΤΩΝ, 13. (Ἀσσ. Πρές).— Ὁ ὑπουργὸς τῶν Ἐξωτερικῶν τῶν Ἡνωμένων Πολιτειῶν κ. Ντῆν Ράσκ ἐδήλωσε ὅτι ἡ Ἀμερικὴ δὲν ἐγκατέλειψε τὴν προσπάθειαν διὰ τὴν ἐξεύρεσιν εἰρηνικῆς λύσεως εἰς τὸ πρόβλημα. Ἐπίσης ἐτόνισεν ὅτι ἡ κυβέρνησις παρακολουθεῖ στενῶς τὰς ἐξελίξεις καὶ ὅτι θὰ ἐξακολουθήσῃ τὰς ἐπαφὰς μὲ τὰς φιλικὰς χώρας. Αἱ ἐπιχειρήσεις συνεχίζονται εἰς διάφορα σημεῖα τῆς περιοχῆς, ἐνῷ αἱ διαπραγματεύσεις ἀναμένεται νὰ ἀρχίσουν προσεχῶς.
ΙΝΔΟΙ ΚΑΙ ΠΑΚΙΣΤΑΝΟΙ ΚΑΤΟΙΚΟΙ ΤΗΣ ΚΕΝΥΑ ΚΑΤΑΦΕΥΓΟΥΝ ΕΙΣ ΤΗΝ ΜΕΓ. ΒΡΕΤΑΝΝΙΑΝ ΜΕΤΑ ΤΑ ΛΗΦΘΕΝΤΑ ΟΙΚΟΝΟΜΙΚΑ ΜΕΤΡΑ
ΟΥΑΣΙΓΚΤΩΝ, 13. (Ἀσσ. Πρές).— Ὁ ὑπουργὸς τῶν Ἐξωτερικῶν τῶν Ἡνωμένων Πολιτειῶν κ. Ντῆν Ράσκ ἐδήλωσε ὅτι ἡ Ἀμερικὴ δὲν ἐγκατέλειψε τὴν προσπάθειαν διὰ τὴν ἐξεύρεσιν εἰρηνικῆς λύσεως εἰς τὸ πρόβλημα. Ἐπίσης ἐτόνισεν ὅτι ἡ κυβέρνησις παρακολουθεῖ στενῶς τὰς ἐξελίξεις καὶ ὅτι θὰ ἐξακολουθήσῃ τὰς ἐπαφὰς μὲ τὰς φιλικὰς χώρας. Αἱ ἐπιχειρήσεις συνεχίζονται εἰς διάφορα σημεῖα τῆς περιοχῆς, ἐνῷ αἱ διαπραγματεύσεις ἀναμένεται νὰ ἀρχίσουν προσεχῶς.
ΟΥΑΣΙΓΚΤΩΝ, 13. (Ἀσσ. Πρές).— Ὁ ὑπουργὸς τῶν Ἐξωτερικῶν τῶν Ἡνωμένων Πολιτειῶν κ. Ντῆν Ράσκ ἐδήλωσε ὅτι ἡ Ἀμερικὴ δὲν ἐγκατέλειψε τὴν προσπάθειαν διὰ τὴν ἐξεύρεσιν εἰρηνικῆς λύσεως εἰς τὸ πρόβλημα. Ἐπίσης ἐτόνισεν ὅτι ἡ κυβέρνησις παρακολουθεῖ στενῶς τὰς ἐξελίξεις καὶ ὅτι θὰ ἐξακολουθήσῃ τὰς ἐπαφὰς μὲ τὰς φιλικὰς χώρας. Αἱ ἐπιχειρήσεις συνεχίζονται εἰς διάφορα σημεῖα τῆς περιοχῆς, ἐνῷ αἱ διαπραγματεύσεις ἀναμένεται νὰ ἀρχίσουν προσεχῶς.
Η ΜΑΡΙΧΟΥΑΝΑ ΜΕΤΑΒΑΛΛΕΙ ΤΗΝ ΠΡΟΣΩΠΙΚΟΤΗΤΑ ΑΝΕΚΟΙΝΩΣΕ ΚΑΘΗΓΗΤΗΣ ΕΙΣ ΔΙΕΘΝΕΣ ΣΕΜΙΝΑΡΙΟΝ
ΟΥΑΣΙΓΚΤΩΝ, 13. (Ἀσσ. Πρές).— Ὁ ὑπουργὸς τῶν Ἐξωτερικῶν τῶν Ἡνωμένων Πολιτειῶν κ. Ντῆν Ράσκ ἐδήλωσε ὅτι ἡ Ἀμερικὴ δὲν ἐγκατέλειψε τὴν προσπάθειαν διὰ τὴν ἐξεύρεσιν εἰρηνικῆς λύσεως εἰς τὸ πρόβλημα. Ἐπίσης ἐτόνισεν ὅτι ἡ κυβέρνησις παρακολουθεῖ στενῶς τὰς ἐξελίξεις καὶ ὅτι θὰ ἐξακολουθήσῃ τὰς ἐπαφὰς μὲ τὰς φιλικὰς χώρας. Αἱ ἐπιχειρήσεις συνεχίζονται εἰς διάφορα σημεῖα τῆς περιοχῆς, ἐνῷ αἱ διαπραγματεύσεις ἀναμένεται νὰ ἀρχίσουν προσεχῶς.
ΚΑΤΑΡΓΗΤΑΙ Η ΠΩΛΗΣΙΣ ΕΙΔΩΝ ΛΑΪΚΗΣ ΤΕΧΝΗΣ ΚΑΤΑ ΤΑΣ ΚΥΡΙΑΚΑΣ
ΟΥΑΣΙΓΚΤΩΝ, 13. (Ἀσσ. Πρές).— Ὁ ὑπουργὸς τῶν Ἐξωτερικῶν τῶν Ἡνωμένων Πολιτειῶν κ. Ντῆν Ράσκ ἐδήλωσε ὅτι ἡ Ἀμερικὴ δὲν ἐγκατέλειψε τὴν προσπάθειαν διὰ τὴν ἐξεύρεσιν εἰρηνικῆς λύσεως εἰς τὸ πρόβλημα. Ἐπίσης ἐτόνισεν ὅτι ἡ κυβέρνησις παρακολουθεῖ στενῶς τὰς ἐξελίξεις καὶ ὅτι θὰ ἐξακολουθήσῃ τὰς ἐπαφὰς μὲ τὰς φιλικὰς χώρας. Αἱ ἐπιχειρήσεις συνεχίζονται εἰς διάφορα σημεῖα τῆς περιοχῆς, ἐνῷ αἱ διαπραγματεύσεις ἀναμένεται νὰ ἀρχίσουν προσεχῶς.
ΕΝΔΙΑΦΕΡΟΝ ΞΕΝΟΥ ΟΙΚΟΥ ΔΙΑ ΤΑ ΕΛΛΗΝΙΚΑ ΦΡΟΥΤΑ
ΟΙΚΟΔΟΜΟΣ ΚΑΤΕΠΕΣΕΝ ΕΞ ΥΨΟΥΣ ΤΡΙΩΝ ΜΕΤΡΩΝ
ΔΙΑ ΝΑ ΙΔΟΥΝ ΤΟΝ ΣΟΥΧΑΡΤΟ ΕΦΟΝΕΥΣΑΝ ΟΔΗΓΟΝ ΚΑΙ ΗΝΟΙΞΑΝ ΠΥΡ ΕΝΑΝΤΙΟΝ ΤΗΣ ΦΡΟΥΡΑΣ ΤΟΥ
ΟΥΑΣΙΓΚΤΩΝ, 13. (Ἀσσ. Πρές).— Ὁ ὑπουργὸς τῶν Ἐξωτερικῶν τῶν Ἡνωμένων Πολιτειῶν κ. Ντῆν Ράσκ ἐδήλωσε ὅτι ἡ Ἀμερικὴ δὲν ἐγκατέλειψε τὴν προσπάθειαν διὰ τὴν ἐξεύρεσιν εἰρηνικῆς λύσεως εἰς τὸ πρόβλημα. Ἐπίσης ἐτόνισεν ὅτι ἡ κυβέρνησις παρακολουθεῖ στενῶς τὰς ἐξελίξεις καὶ ὅτι θὰ ἐξακολουθήσῃ τὰς ἐπαφὰς μὲ τὰς φιλικὰς χώρας. Αἱ ἐπιχειρήσεις συνεχίζονται εἰς διάφορα σημεῖα τῆς περιοχῆς, ἐνῷ αἱ διαπραγματεύσεις ἀναμένεται νὰ ἀρχίσουν προσεχῶς.
ΟΥΑΣΙΓΚΤΩΝ, 13. (Ἀσσ. Πρές).— Ὁ ὑπουργὸς τῶν Ἐξωτερικῶν τῶν Ἡνωμένων Πολιτειῶν κ. Ντῆν Ράσκ ἐδήλωσε ὅτι ἡ Ἀμερικὴ δὲν ἐγκατέλειψε τὴν προσπάθειαν διὰ τὴν ἐξεύρεσιν εἰρηνικῆς λύσεως εἰς τὸ πρόβλημα. Ἐπίσης ἐτόνισεν ὅτι ἡ κυβέρνησις παρακολουθεῖ στενῶς τὰς ἐξελίξεις καὶ ὅτι θὰ ἐξακολουθήσῃ τὰς ἐπαφὰς μὲ τὰς φιλικὰς χώρας. Αἱ ἐπιχειρήσεις συνεχίζονται εἰς διάφορα σημεῖα τῆς περιοχῆς, ἐνῷ αἱ διαπραγματεύσεις ἀναμένεται νὰ ἀρχίσουν προσεχῶς.
ΟΥΑΣΙΓΚΤΩΝ, 13. (Ἀσσ. Πρές).— Ὁ ὑπουργὸς τῶν Ἐξωτερικῶν τῶν Ἡνωμένων Πολιτειῶν κ. Ντῆν Ράσκ ἐδήλωσε ὅτι ἡ Ἀμερικὴ δὲν ἐγκατέλειψε τὴν προσπάθειαν διὰ τὴν ἐξεύρεσιν εἰρηνικῆς λύσεως εἰς τὸ πρόβλημα. Ἐπίσης ἐτόνισεν ὅτι ἡ κυβέρνησις παρακολουθεῖ στενῶς τὰς ἐξελίξεις καὶ ὅτι θὰ ἐξακολουθήσῃ τὰς ἐπαφὰς μὲ τὰς φιλικὰς χώρας. Αἱ ἐπιχειρήσεις συνεχίζονται εἰς διάφορα σημεῖα τῆς περιοχῆς, ἐνῷ αἱ διαπραγματεύσεις ἀναμένεται νὰ ἀρχίσουν προσεχῶς.
